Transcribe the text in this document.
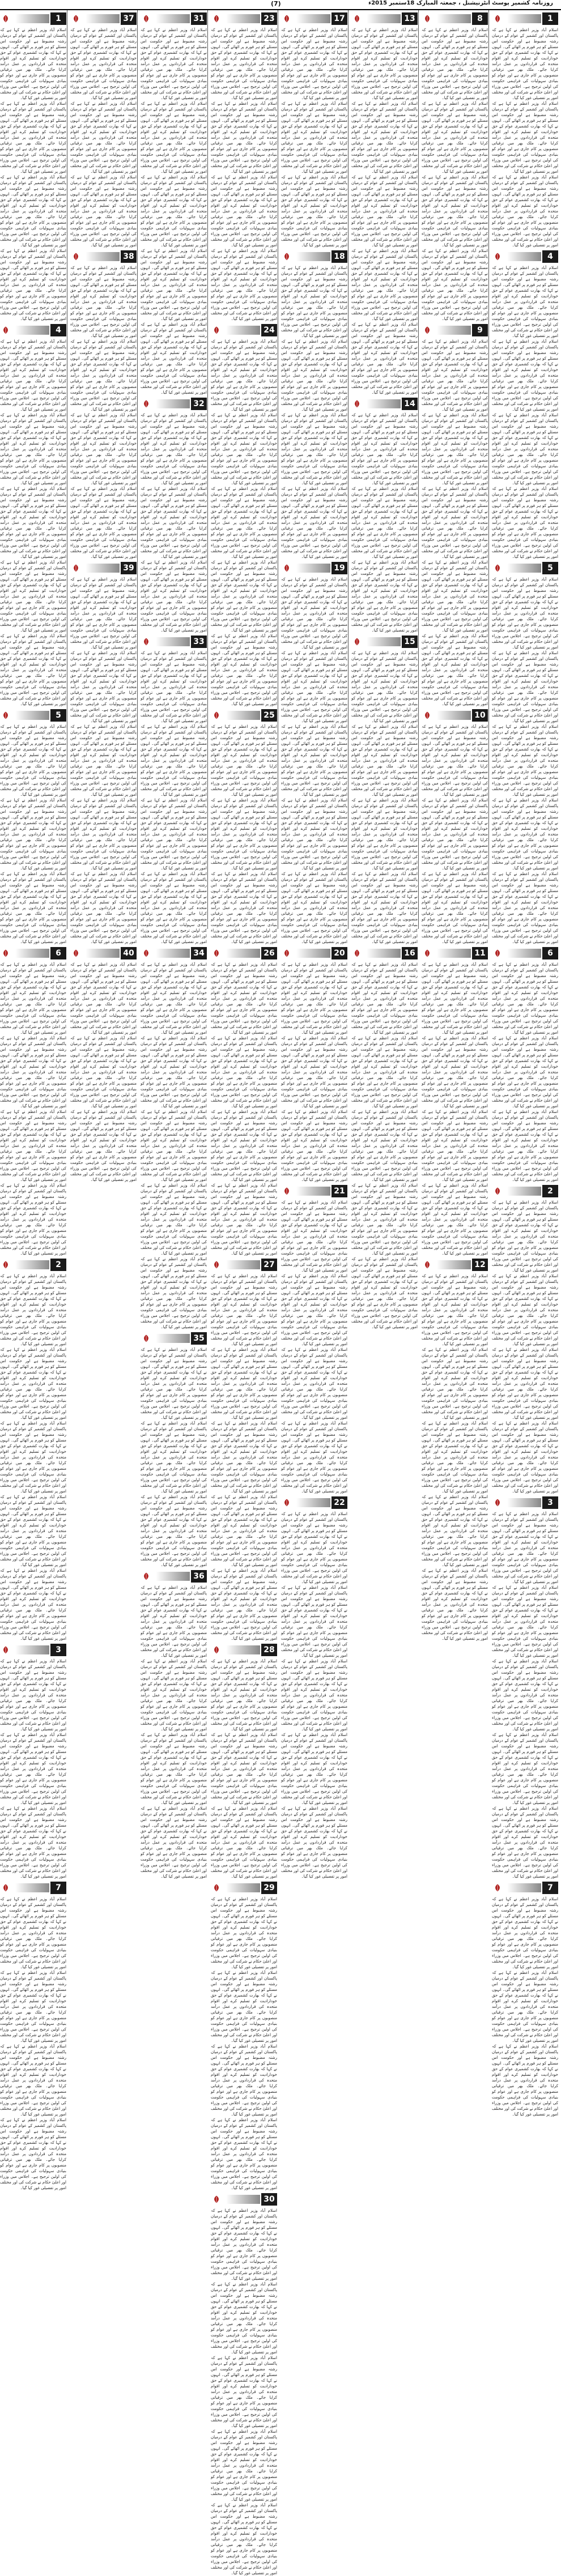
(7)	روزنامہ کشمیر پوسٹ انٹرنیشنل ، جمعتہ المبارک 18ستمبر 2015ء
1
اسلام آباد وزیر اعظم نے کہا ہے کہ پاکستان اور کشمیر کے عوام کے درمیان رشتہ مضبوط ہے اور حکومت اس مسئلے کو ہر فورم پر اٹھائے گی۔ انہوں نے کہا کہ بھارت کشمیری عوام کے حق خودارادیت کو تسلیم کرے اور اقوام متحدہ کی قراردادوں پر عمل درآمد کرایا جائے۔ ملک بھر میں ترقیاتی منصوبوں پر کام جاری ہے اور عوام کو بنیادی سہولیات کی فراہمی حکومت کی اولین ترجیح ہے۔ اجلاس میں وزراء اور اعلیٰ حکام نے شرکت کی اور مختلف امور پر تفصیلی غور کیا گیا۔
اسلام آباد وزیر اعظم نے کہا ہے کہ پاکستان اور کشمیر کے عوام کے درمیان رشتہ مضبوط ہے اور حکومت اس مسئلے کو ہر فورم پر اٹھائے گی۔ انہوں نے کہا کہ بھارت کشمیری عوام کے حق خودارادیت کو تسلیم کرے اور اقوام متحدہ کی قراردادوں پر عمل درآمد کرایا جائے۔ ملک بھر میں ترقیاتی منصوبوں پر کام جاری ہے اور عوام کو بنیادی سہولیات کی فراہمی حکومت کی اولین ترجیح ہے۔ اجلاس میں وزراء اور اعلیٰ حکام نے شرکت کی اور مختلف امور پر تفصیلی غور کیا گیا۔
اسلام آباد وزیر اعظم نے کہا ہے کہ پاکستان اور کشمیر کے عوام کے درمیان رشتہ مضبوط ہے اور حکومت اس مسئلے کو ہر فورم پر اٹھائے گی۔ انہوں نے کہا کہ بھارت کشمیری عوام کے حق خودارادیت کو تسلیم کرے اور اقوام متحدہ کی قراردادوں پر عمل درآمد کرایا جائے۔ ملک بھر میں ترقیاتی منصوبوں پر کام جاری ہے اور عوام کو بنیادی سہولیات کی فراہمی حکومت کی اولین ترجیح ہے۔ اجلاس میں وزراء اور اعلیٰ حکام نے شرکت کی اور مختلف امور پر تفصیلی غور کیا گیا۔
4
اسلام آباد وزیر اعظم نے کہا ہے کہ پاکستان اور کشمیر کے عوام کے درمیان رشتہ مضبوط ہے اور حکومت اس مسئلے کو ہر فورم پر اٹھائے گی۔ انہوں نے کہا کہ بھارت کشمیری عوام کے حق خودارادیت کو تسلیم کرے اور اقوام متحدہ کی قراردادوں پر عمل درآمد کرایا جائے۔ ملک بھر میں ترقیاتی منصوبوں پر کام جاری ہے اور عوام کو بنیادی سہولیات کی فراہمی حکومت کی اولین ترجیح ہے۔ اجلاس میں وزراء اور اعلیٰ حکام نے شرکت کی اور مختلف امور پر تفصیلی غور کیا گیا۔
اسلام آباد وزیر اعظم نے کہا ہے کہ پاکستان اور کشمیر کے عوام کے درمیان رشتہ مضبوط ہے اور حکومت اس مسئلے کو ہر فورم پر اٹھائے گی۔ انہوں نے کہا کہ بھارت کشمیری عوام کے حق خودارادیت کو تسلیم کرے اور اقوام متحدہ کی قراردادوں پر عمل درآمد کرایا جائے۔ ملک بھر میں ترقیاتی منصوبوں پر کام جاری ہے اور عوام کو بنیادی سہولیات کی فراہمی حکومت کی اولین ترجیح ہے۔ اجلاس میں وزراء اور اعلیٰ حکام نے شرکت کی اور مختلف امور پر تفصیلی غور کیا گیا۔
اسلام آباد وزیر اعظم نے کہا ہے کہ پاکستان اور کشمیر کے عوام کے درمیان رشتہ مضبوط ہے اور حکومت اس مسئلے کو ہر فورم پر اٹھائے گی۔ انہوں نے کہا کہ بھارت کشمیری عوام کے حق خودارادیت کو تسلیم کرے اور اقوام متحدہ کی قراردادوں پر عمل درآمد کرایا جائے۔ ملک بھر میں ترقیاتی منصوبوں پر کام جاری ہے اور عوام کو بنیادی سہولیات کی فراہمی حکومت کی اولین ترجیح ہے۔ اجلاس میں وزراء اور اعلیٰ حکام نے شرکت کی اور مختلف امور پر تفصیلی غور کیا گیا۔
اسلام آباد وزیر اعظم نے کہا ہے کہ پاکستان اور کشمیر کے عوام کے درمیان رشتہ مضبوط ہے اور حکومت اس مسئلے کو ہر فورم پر اٹھائے گی۔ انہوں نے کہا کہ بھارت کشمیری عوام کے حق خودارادیت کو تسلیم کرے اور اقوام متحدہ کی قراردادوں پر عمل درآمد کرایا جائے۔ ملک بھر میں ترقیاتی منصوبوں پر کام جاری ہے اور عوام کو بنیادی سہولیات کی فراہمی حکومت کی اولین ترجیح ہے۔ اجلاس میں وزراء اور اعلیٰ حکام نے شرکت کی اور مختلف امور پر تفصیلی غور کیا گیا۔
5
اسلام آباد وزیر اعظم نے کہا ہے کہ پاکستان اور کشمیر کے عوام کے درمیان رشتہ مضبوط ہے اور حکومت اس مسئلے کو ہر فورم پر اٹھائے گی۔ انہوں نے کہا کہ بھارت کشمیری عوام کے حق خودارادیت کو تسلیم کرے اور اقوام متحدہ کی قراردادوں پر عمل درآمد کرایا جائے۔ ملک بھر میں ترقیاتی منصوبوں پر کام جاری ہے اور عوام کو بنیادی سہولیات کی فراہمی حکومت کی اولین ترجیح ہے۔ اجلاس میں وزراء اور اعلیٰ حکام نے شرکت کی اور مختلف امور پر تفصیلی غور کیا گیا۔
اسلام آباد وزیر اعظم نے کہا ہے کہ پاکستان اور کشمیر کے عوام کے درمیان رشتہ مضبوط ہے اور حکومت اس مسئلے کو ہر فورم پر اٹھائے گی۔ انہوں نے کہا کہ بھارت کشمیری عوام کے حق خودارادیت کو تسلیم کرے اور اقوام متحدہ کی قراردادوں پر عمل درآمد کرایا جائے۔ ملک بھر میں ترقیاتی منصوبوں پر کام جاری ہے اور عوام کو بنیادی سہولیات کی فراہمی حکومت کی اولین ترجیح ہے۔ اجلاس میں وزراء اور اعلیٰ حکام نے شرکت کی اور مختلف امور پر تفصیلی غور کیا گیا۔
اسلام آباد وزیر اعظم نے کہا ہے کہ پاکستان اور کشمیر کے عوام کے درمیان رشتہ مضبوط ہے اور حکومت اس مسئلے کو ہر فورم پر اٹھائے گی۔ انہوں نے کہا کہ بھارت کشمیری عوام کے حق خودارادیت کو تسلیم کرے اور اقوام متحدہ کی قراردادوں پر عمل درآمد کرایا جائے۔ ملک بھر میں ترقیاتی منصوبوں پر کام جاری ہے اور عوام کو بنیادی سہولیات کی فراہمی حکومت کی اولین ترجیح ہے۔ اجلاس میں وزراء اور اعلیٰ حکام نے شرکت کی اور مختلف امور پر تفصیلی غور کیا گیا۔
اسلام آباد وزیر اعظم نے کہا ہے کہ پاکستان اور کشمیر کے عوام کے درمیان رشتہ مضبوط ہے اور حکومت اس مسئلے کو ہر فورم پر اٹھائے گی۔ انہوں نے کہا کہ بھارت کشمیری عوام کے حق خودارادیت کو تسلیم کرے اور اقوام متحدہ کی قراردادوں پر عمل درآمد کرایا جائے۔ ملک بھر میں ترقیاتی منصوبوں پر کام جاری ہے اور عوام کو بنیادی سہولیات کی فراہمی حکومت کی اولین ترجیح ہے۔ اجلاس میں وزراء اور اعلیٰ حکام نے شرکت کی اور مختلف امور پر تفصیلی غور کیا گیا۔
اسلام آباد وزیر اعظم نے کہا ہے کہ پاکستان اور کشمیر کے عوام کے درمیان رشتہ مضبوط ہے اور حکومت اس مسئلے کو ہر فورم پر اٹھائے گی۔ انہوں نے کہا کہ بھارت کشمیری عوام کے حق خودارادیت کو تسلیم کرے اور اقوام متحدہ کی قراردادوں پر عمل درآمد کرایا جائے۔ ملک بھر میں ترقیاتی منصوبوں پر کام جاری ہے اور عوام کو بنیادی سہولیات کی فراہمی حکومت کی اولین ترجیح ہے۔ اجلاس میں وزراء اور اعلیٰ حکام نے شرکت کی اور مختلف امور پر تفصیلی غور کیا گیا۔
6
اسلام آباد وزیر اعظم نے کہا ہے کہ پاکستان اور کشمیر کے عوام کے درمیان رشتہ مضبوط ہے اور حکومت اس مسئلے کو ہر فورم پر اٹھائے گی۔ انہوں نے کہا کہ بھارت کشمیری عوام کے حق خودارادیت کو تسلیم کرے اور اقوام متحدہ کی قراردادوں پر عمل درآمد کرایا جائے۔ ملک بھر میں ترقیاتی منصوبوں پر کام جاری ہے اور عوام کو بنیادی سہولیات کی فراہمی حکومت کی اولین ترجیح ہے۔ اجلاس میں وزراء اور اعلیٰ حکام نے شرکت کی اور مختلف امور پر تفصیلی غور کیا گیا۔
اسلام آباد وزیر اعظم نے کہا ہے کہ پاکستان اور کشمیر کے عوام کے درمیان رشتہ مضبوط ہے اور حکومت اس مسئلے کو ہر فورم پر اٹھائے گی۔ انہوں نے کہا کہ بھارت کشمیری عوام کے حق خودارادیت کو تسلیم کرے اور اقوام متحدہ کی قراردادوں پر عمل درآمد کرایا جائے۔ ملک بھر میں ترقیاتی منصوبوں پر کام جاری ہے اور عوام کو بنیادی سہولیات کی فراہمی حکومت کی اولین ترجیح ہے۔ اجلاس میں وزراء اور اعلیٰ حکام نے شرکت کی اور مختلف امور پر تفصیلی غور کیا گیا۔
اسلام آباد وزیر اعظم نے کہا ہے کہ پاکستان اور کشمیر کے عوام کے درمیان رشتہ مضبوط ہے اور حکومت اس مسئلے کو ہر فورم پر اٹھائے گی۔ انہوں نے کہا کہ بھارت کشمیری عوام کے حق خودارادیت کو تسلیم کرے اور اقوام متحدہ کی قراردادوں پر عمل درآمد کرایا جائے۔ ملک بھر میں ترقیاتی منصوبوں پر کام جاری ہے اور عوام کو بنیادی سہولیات کی فراہمی حکومت کی اولین ترجیح ہے۔ اجلاس میں وزراء اور اعلیٰ حکام نے شرکت کی اور مختلف امور پر تفصیلی غور کیا گیا۔
2
اسلام آباد وزیر اعظم نے کہا ہے کہ پاکستان اور کشمیر کے عوام کے درمیان رشتہ مضبوط ہے اور حکومت اس مسئلے کو ہر فورم پر اٹھائے گی۔ انہوں نے کہا کہ بھارت کشمیری عوام کے حق خودارادیت کو تسلیم کرے اور اقوام متحدہ کی قراردادوں پر عمل درآمد کرایا جائے۔ ملک بھر میں ترقیاتی منصوبوں پر کام جاری ہے اور عوام کو بنیادی سہولیات کی فراہمی حکومت کی اولین ترجیح ہے۔ اجلاس میں وزراء اور اعلیٰ حکام نے شرکت کی اور مختلف امور پر تفصیلی غور کیا گیا۔
اسلام آباد وزیر اعظم نے کہا ہے کہ پاکستان اور کشمیر کے عوام کے درمیان رشتہ مضبوط ہے اور حکومت اس مسئلے کو ہر فورم پر اٹھائے گی۔ انہوں نے کہا کہ بھارت کشمیری عوام کے حق خودارادیت کو تسلیم کرے اور اقوام متحدہ کی قراردادوں پر عمل درآمد کرایا جائے۔ ملک بھر میں ترقیاتی منصوبوں پر کام جاری ہے اور عوام کو بنیادی سہولیات کی فراہمی حکومت کی اولین ترجیح ہے۔ اجلاس میں وزراء اور اعلیٰ حکام نے شرکت کی اور مختلف امور پر تفصیلی غور کیا گیا۔
اسلام آباد وزیر اعظم نے کہا ہے کہ پاکستان اور کشمیر کے عوام کے درمیان رشتہ مضبوط ہے اور حکومت اس مسئلے کو ہر فورم پر اٹھائے گی۔ انہوں نے کہا کہ بھارت کشمیری عوام کے حق خودارادیت کو تسلیم کرے اور اقوام متحدہ کی قراردادوں پر عمل درآمد کرایا جائے۔ ملک بھر میں ترقیاتی منصوبوں پر کام جاری ہے اور عوام کو بنیادی سہولیات کی فراہمی حکومت کی اولین ترجیح ہے۔ اجلاس میں وزراء اور اعلیٰ حکام نے شرکت کی اور مختلف امور پر تفصیلی غور کیا گیا۔
اسلام آباد وزیر اعظم نے کہا ہے کہ پاکستان اور کشمیر کے عوام کے درمیان رشتہ مضبوط ہے اور حکومت اس مسئلے کو ہر فورم پر اٹھائے گی۔ انہوں نے کہا کہ بھارت کشمیری عوام کے حق خودارادیت کو تسلیم کرے اور اقوام متحدہ کی قراردادوں پر عمل درآمد کرایا جائے۔ ملک بھر میں ترقیاتی منصوبوں پر کام جاری ہے اور عوام کو بنیادی سہولیات کی فراہمی حکومت کی اولین ترجیح ہے۔ اجلاس میں وزراء اور اعلیٰ حکام نے شرکت کی اور مختلف امور پر تفصیلی غور کیا گیا۔
3
اسلام آباد وزیر اعظم نے کہا ہے کہ پاکستان اور کشمیر کے عوام کے درمیان رشتہ مضبوط ہے اور حکومت اس مسئلے کو ہر فورم پر اٹھائے گی۔ انہوں نے کہا کہ بھارت کشمیری عوام کے حق خودارادیت کو تسلیم کرے اور اقوام متحدہ کی قراردادوں پر عمل درآمد کرایا جائے۔ ملک بھر میں ترقیاتی منصوبوں پر کام جاری ہے اور عوام کو بنیادی سہولیات کی فراہمی حکومت کی اولین ترجیح ہے۔ اجلاس میں وزراء اور اعلیٰ حکام نے شرکت کی اور مختلف امور پر تفصیلی غور کیا گیا۔
اسلام آباد وزیر اعظم نے کہا ہے کہ پاکستان اور کشمیر کے عوام کے درمیان رشتہ مضبوط ہے اور حکومت اس مسئلے کو ہر فورم پر اٹھائے گی۔ انہوں نے کہا کہ بھارت کشمیری عوام کے حق خودارادیت کو تسلیم کرے اور اقوام متحدہ کی قراردادوں پر عمل درآمد کرایا جائے۔ ملک بھر میں ترقیاتی منصوبوں پر کام جاری ہے اور عوام کو بنیادی سہولیات کی فراہمی حکومت کی اولین ترجیح ہے۔ اجلاس میں وزراء اور اعلیٰ حکام نے شرکت کی اور مختلف امور پر تفصیلی غور کیا گیا۔
اسلام آباد وزیر اعظم نے کہا ہے کہ پاکستان اور کشمیر کے عوام کے درمیان رشتہ مضبوط ہے اور حکومت اس مسئلے کو ہر فورم پر اٹھائے گی۔ انہوں نے کہا کہ بھارت کشمیری عوام کے حق خودارادیت کو تسلیم کرے اور اقوام متحدہ کی قراردادوں پر عمل درآمد کرایا جائے۔ ملک بھر میں ترقیاتی منصوبوں پر کام جاری ہے اور عوام کو بنیادی سہولیات کی فراہمی حکومت کی اولین ترجیح ہے۔ اجلاس میں وزراء اور اعلیٰ حکام نے شرکت کی اور مختلف امور پر تفصیلی غور کیا گیا۔
اسلام آباد وزیر اعظم نے کہا ہے کہ پاکستان اور کشمیر کے عوام کے درمیان رشتہ مضبوط ہے اور حکومت اس مسئلے کو ہر فورم پر اٹھائے گی۔ انہوں نے کہا کہ بھارت کشمیری عوام کے حق خودارادیت کو تسلیم کرے اور اقوام متحدہ کی قراردادوں پر عمل درآمد کرایا جائے۔ ملک بھر میں ترقیاتی منصوبوں پر کام جاری ہے اور عوام کو بنیادی سہولیات کی فراہمی حکومت کی اولین ترجیح ہے۔ اجلاس میں وزراء اور اعلیٰ حکام نے شرکت کی اور مختلف امور پر تفصیلی غور کیا گیا۔
اسلام آباد وزیر اعظم نے کہا ہے کہ پاکستان اور کشمیر کے عوام کے درمیان رشتہ مضبوط ہے اور حکومت اس مسئلے کو ہر فورم پر اٹھائے گی۔ انہوں نے کہا کہ بھارت کشمیری عوام کے حق خودارادیت کو تسلیم کرے اور اقوام متحدہ کی قراردادوں پر عمل درآمد کرایا جائے۔ ملک بھر میں ترقیاتی منصوبوں پر کام جاری ہے اور عوام کو بنیادی سہولیات کی فراہمی حکومت کی اولین ترجیح ہے۔ اجلاس میں وزراء اور اعلیٰ حکام نے شرکت کی اور مختلف امور پر تفصیلی غور کیا گیا۔
7
اسلام آباد وزیر اعظم نے کہا ہے کہ پاکستان اور کشمیر کے عوام کے درمیان رشتہ مضبوط ہے اور حکومت اس مسئلے کو ہر فورم پر اٹھائے گی۔ انہوں نے کہا کہ بھارت کشمیری عوام کے حق خودارادیت کو تسلیم کرے اور اقوام متحدہ کی قراردادوں پر عمل درآمد کرایا جائے۔ ملک بھر میں ترقیاتی منصوبوں پر کام جاری ہے اور عوام کو بنیادی سہولیات کی فراہمی حکومت کی اولین ترجیح ہے۔ اجلاس میں وزراء اور اعلیٰ حکام نے شرکت کی اور مختلف امور پر تفصیلی غور کیا گیا۔
اسلام آباد وزیر اعظم نے کہا ہے کہ پاکستان اور کشمیر کے عوام کے درمیان رشتہ مضبوط ہے اور حکومت اس مسئلے کو ہر فورم پر اٹھائے گی۔ انہوں نے کہا کہ بھارت کشمیری عوام کے حق خودارادیت کو تسلیم کرے اور اقوام متحدہ کی قراردادوں پر عمل درآمد کرایا جائے۔ ملک بھر میں ترقیاتی منصوبوں پر کام جاری ہے اور عوام کو بنیادی سہولیات کی فراہمی حکومت کی اولین ترجیح ہے۔ اجلاس میں وزراء اور اعلیٰ حکام نے شرکت کی اور مختلف امور پر تفصیلی غور کیا گیا۔
اسلام آباد وزیر اعظم نے کہا ہے کہ پاکستان اور کشمیر کے عوام کے درمیان رشتہ مضبوط ہے اور حکومت اس مسئلے کو ہر فورم پر اٹھائے گی۔ انہوں نے کہا کہ بھارت کشمیری عوام کے حق خودارادیت کو تسلیم کرے اور اقوام متحدہ کی قراردادوں پر عمل درآمد کرایا جائے۔ ملک بھر میں ترقیاتی منصوبوں پر کام جاری ہے اور عوام کو بنیادی سہولیات کی فراہمی حکومت کی اولین ترجیح ہے۔ اجلاس میں وزراء اور اعلیٰ حکام نے شرکت کی اور مختلف امور پر تفصیلی غور کیا گیا۔
8
اسلام آباد وزیر اعظم نے کہا ہے کہ پاکستان اور کشمیر کے عوام کے درمیان رشتہ مضبوط ہے اور حکومت اس مسئلے کو ہر فورم پر اٹھائے گی۔ انہوں نے کہا کہ بھارت کشمیری عوام کے حق خودارادیت کو تسلیم کرے اور اقوام متحدہ کی قراردادوں پر عمل درآمد کرایا جائے۔ ملک بھر میں ترقیاتی منصوبوں پر کام جاری ہے اور عوام کو بنیادی سہولیات کی فراہمی حکومت کی اولین ترجیح ہے۔ اجلاس میں وزراء اور اعلیٰ حکام نے شرکت کی اور مختلف امور پر تفصیلی غور کیا گیا۔
اسلام آباد وزیر اعظم نے کہا ہے کہ پاکستان اور کشمیر کے عوام کے درمیان رشتہ مضبوط ہے اور حکومت اس مسئلے کو ہر فورم پر اٹھائے گی۔ انہوں نے کہا کہ بھارت کشمیری عوام کے حق خودارادیت کو تسلیم کرے اور اقوام متحدہ کی قراردادوں پر عمل درآمد کرایا جائے۔ ملک بھر میں ترقیاتی منصوبوں پر کام جاری ہے اور عوام کو بنیادی سہولیات کی فراہمی حکومت کی اولین ترجیح ہے۔ اجلاس میں وزراء اور اعلیٰ حکام نے شرکت کی اور مختلف امور پر تفصیلی غور کیا گیا۔
اسلام آباد وزیر اعظم نے کہا ہے کہ پاکستان اور کشمیر کے عوام کے درمیان رشتہ مضبوط ہے اور حکومت اس مسئلے کو ہر فورم پر اٹھائے گی۔ انہوں نے کہا کہ بھارت کشمیری عوام کے حق خودارادیت کو تسلیم کرے اور اقوام متحدہ کی قراردادوں پر عمل درآمد کرایا جائے۔ ملک بھر میں ترقیاتی منصوبوں پر کام جاری ہے اور عوام کو بنیادی سہولیات کی فراہمی حکومت کی اولین ترجیح ہے۔ اجلاس میں وزراء اور اعلیٰ حکام نے شرکت کی اور مختلف امور پر تفصیلی غور کیا گیا۔
اسلام آباد وزیر اعظم نے کہا ہے کہ پاکستان اور کشمیر کے عوام کے درمیان رشتہ مضبوط ہے اور حکومت اس مسئلے کو ہر فورم پر اٹھائے گی۔ انہوں نے کہا کہ بھارت کشمیری عوام کے حق خودارادیت کو تسلیم کرے اور اقوام متحدہ کی قراردادوں پر عمل درآمد کرایا جائے۔ ملک بھر میں ترقیاتی منصوبوں پر کام جاری ہے اور عوام کو بنیادی سہولیات کی فراہمی حکومت کی اولین ترجیح ہے۔ اجلاس میں وزراء اور اعلیٰ حکام نے شرکت کی اور مختلف امور پر تفصیلی غور کیا گیا۔
9
اسلام آباد وزیر اعظم نے کہا ہے کہ پاکستان اور کشمیر کے عوام کے درمیان رشتہ مضبوط ہے اور حکومت اس مسئلے کو ہر فورم پر اٹھائے گی۔ انہوں نے کہا کہ بھارت کشمیری عوام کے حق خودارادیت کو تسلیم کرے اور اقوام متحدہ کی قراردادوں پر عمل درآمد کرایا جائے۔ ملک بھر میں ترقیاتی منصوبوں پر کام جاری ہے اور عوام کو بنیادی سہولیات کی فراہمی حکومت کی اولین ترجیح ہے۔ اجلاس میں وزراء اور اعلیٰ حکام نے شرکت کی اور مختلف امور پر تفصیلی غور کیا گیا۔
اسلام آباد وزیر اعظم نے کہا ہے کہ پاکستان اور کشمیر کے عوام کے درمیان رشتہ مضبوط ہے اور حکومت اس مسئلے کو ہر فورم پر اٹھائے گی۔ انہوں نے کہا کہ بھارت کشمیری عوام کے حق خودارادیت کو تسلیم کرے اور اقوام متحدہ کی قراردادوں پر عمل درآمد کرایا جائے۔ ملک بھر میں ترقیاتی منصوبوں پر کام جاری ہے اور عوام کو بنیادی سہولیات کی فراہمی حکومت کی اولین ترجیح ہے۔ اجلاس میں وزراء اور اعلیٰ حکام نے شرکت کی اور مختلف امور پر تفصیلی غور کیا گیا۔
اسلام آباد وزیر اعظم نے کہا ہے کہ پاکستان اور کشمیر کے عوام کے درمیان رشتہ مضبوط ہے اور حکومت اس مسئلے کو ہر فورم پر اٹھائے گی۔ انہوں نے کہا کہ بھارت کشمیری عوام کے حق خودارادیت کو تسلیم کرے اور اقوام متحدہ کی قراردادوں پر عمل درآمد کرایا جائے۔ ملک بھر میں ترقیاتی منصوبوں پر کام جاری ہے اور عوام کو بنیادی سہولیات کی فراہمی حکومت کی اولین ترجیح ہے۔ اجلاس میں وزراء اور اعلیٰ حکام نے شرکت کی اور مختلف امور پر تفصیلی غور کیا گیا۔
اسلام آباد وزیر اعظم نے کہا ہے کہ پاکستان اور کشمیر کے عوام کے درمیان رشتہ مضبوط ہے اور حکومت اس مسئلے کو ہر فورم پر اٹھائے گی۔ انہوں نے کہا کہ بھارت کشمیری عوام کے حق خودارادیت کو تسلیم کرے اور اقوام متحدہ کی قراردادوں پر عمل درآمد کرایا جائے۔ ملک بھر میں ترقیاتی منصوبوں پر کام جاری ہے اور عوام کو بنیادی سہولیات کی فراہمی حکومت کی اولین ترجیح ہے۔ اجلاس میں وزراء اور اعلیٰ حکام نے شرکت کی اور مختلف امور پر تفصیلی غور کیا گیا۔
اسلام آباد وزیر اعظم نے کہا ہے کہ پاکستان اور کشمیر کے عوام کے درمیان رشتہ مضبوط ہے اور حکومت اس مسئلے کو ہر فورم پر اٹھائے گی۔ انہوں نے کہا کہ بھارت کشمیری عوام کے حق خودارادیت کو تسلیم کرے اور اقوام متحدہ کی قراردادوں پر عمل درآمد کرایا جائے۔ ملک بھر میں ترقیاتی منصوبوں پر کام جاری ہے اور عوام کو بنیادی سہولیات کی فراہمی حکومت کی اولین ترجیح ہے۔ اجلاس میں وزراء اور اعلیٰ حکام نے شرکت کی اور مختلف امور پر تفصیلی غور کیا گیا۔
10
اسلام آباد وزیر اعظم نے کہا ہے کہ پاکستان اور کشمیر کے عوام کے درمیان رشتہ مضبوط ہے اور حکومت اس مسئلے کو ہر فورم پر اٹھائے گی۔ انہوں نے کہا کہ بھارت کشمیری عوام کے حق خودارادیت کو تسلیم کرے اور اقوام متحدہ کی قراردادوں پر عمل درآمد کرایا جائے۔ ملک بھر میں ترقیاتی منصوبوں پر کام جاری ہے اور عوام کو بنیادی سہولیات کی فراہمی حکومت کی اولین ترجیح ہے۔ اجلاس میں وزراء اور اعلیٰ حکام نے شرکت کی اور مختلف امور پر تفصیلی غور کیا گیا۔
اسلام آباد وزیر اعظم نے کہا ہے کہ پاکستان اور کشمیر کے عوام کے درمیان رشتہ مضبوط ہے اور حکومت اس مسئلے کو ہر فورم پر اٹھائے گی۔ انہوں نے کہا کہ بھارت کشمیری عوام کے حق خودارادیت کو تسلیم کرے اور اقوام متحدہ کی قراردادوں پر عمل درآمد کرایا جائے۔ ملک بھر میں ترقیاتی منصوبوں پر کام جاری ہے اور عوام کو بنیادی سہولیات کی فراہمی حکومت کی اولین ترجیح ہے۔ اجلاس میں وزراء اور اعلیٰ حکام نے شرکت کی اور مختلف امور پر تفصیلی غور کیا گیا۔
اسلام آباد وزیر اعظم نے کہا ہے کہ پاکستان اور کشمیر کے عوام کے درمیان رشتہ مضبوط ہے اور حکومت اس مسئلے کو ہر فورم پر اٹھائے گی۔ انہوں نے کہا کہ بھارت کشمیری عوام کے حق خودارادیت کو تسلیم کرے اور اقوام متحدہ کی قراردادوں پر عمل درآمد کرایا جائے۔ ملک بھر میں ترقیاتی منصوبوں پر کام جاری ہے اور عوام کو بنیادی سہولیات کی فراہمی حکومت کی اولین ترجیح ہے۔ اجلاس میں وزراء اور اعلیٰ حکام نے شرکت کی اور مختلف امور پر تفصیلی غور کیا گیا۔
11
اسلام آباد وزیر اعظم نے کہا ہے کہ پاکستان اور کشمیر کے عوام کے درمیان رشتہ مضبوط ہے اور حکومت اس مسئلے کو ہر فورم پر اٹھائے گی۔ انہوں نے کہا کہ بھارت کشمیری عوام کے حق خودارادیت کو تسلیم کرے اور اقوام متحدہ کی قراردادوں پر عمل درآمد کرایا جائے۔ ملک بھر میں ترقیاتی منصوبوں پر کام جاری ہے اور عوام کو بنیادی سہولیات کی فراہمی حکومت کی اولین ترجیح ہے۔ اجلاس میں وزراء اور اعلیٰ حکام نے شرکت کی اور مختلف امور پر تفصیلی غور کیا گیا۔
اسلام آباد وزیر اعظم نے کہا ہے کہ پاکستان اور کشمیر کے عوام کے درمیان رشتہ مضبوط ہے اور حکومت اس مسئلے کو ہر فورم پر اٹھائے گی۔ انہوں نے کہا کہ بھارت کشمیری عوام کے حق خودارادیت کو تسلیم کرے اور اقوام متحدہ کی قراردادوں پر عمل درآمد کرایا جائے۔ ملک بھر میں ترقیاتی منصوبوں پر کام جاری ہے اور عوام کو بنیادی سہولیات کی فراہمی حکومت کی اولین ترجیح ہے۔ اجلاس میں وزراء اور اعلیٰ حکام نے شرکت کی اور مختلف امور پر تفصیلی غور کیا گیا۔
اسلام آباد وزیر اعظم نے کہا ہے کہ پاکستان اور کشمیر کے عوام کے درمیان رشتہ مضبوط ہے اور حکومت اس مسئلے کو ہر فورم پر اٹھائے گی۔ انہوں نے کہا کہ بھارت کشمیری عوام کے حق خودارادیت کو تسلیم کرے اور اقوام متحدہ کی قراردادوں پر عمل درآمد کرایا جائے۔ ملک بھر میں ترقیاتی منصوبوں پر کام جاری ہے اور عوام کو بنیادی سہولیات کی فراہمی حکومت کی اولین ترجیح ہے۔ اجلاس میں وزراء اور اعلیٰ حکام نے شرکت کی اور مختلف امور پر تفصیلی غور کیا گیا۔
اسلام آباد وزیر اعظم نے کہا ہے کہ پاکستان اور کشمیر کے عوام کے درمیان رشتہ مضبوط ہے اور حکومت اس مسئلے کو ہر فورم پر اٹھائے گی۔ انہوں نے کہا کہ بھارت کشمیری عوام کے حق خودارادیت کو تسلیم کرے اور اقوام متحدہ کی قراردادوں پر عمل درآمد کرایا جائے۔ ملک بھر میں ترقیاتی منصوبوں پر کام جاری ہے اور عوام کو بنیادی سہولیات کی فراہمی حکومت کی اولین ترجیح ہے۔ اجلاس میں وزراء اور اعلیٰ حکام نے شرکت کی اور مختلف امور پر تفصیلی غور کیا گیا۔
12
اسلام آباد وزیر اعظم نے کہا ہے کہ پاکستان اور کشمیر کے عوام کے درمیان رشتہ مضبوط ہے اور حکومت اس مسئلے کو ہر فورم پر اٹھائے گی۔ انہوں نے کہا کہ بھارت کشمیری عوام کے حق خودارادیت کو تسلیم کرے اور اقوام متحدہ کی قراردادوں پر عمل درآمد کرایا جائے۔ ملک بھر میں ترقیاتی منصوبوں پر کام جاری ہے اور عوام کو بنیادی سہولیات کی فراہمی حکومت کی اولین ترجیح ہے۔ اجلاس میں وزراء اور اعلیٰ حکام نے شرکت کی اور مختلف امور پر تفصیلی غور کیا گیا۔
اسلام آباد وزیر اعظم نے کہا ہے کہ پاکستان اور کشمیر کے عوام کے درمیان رشتہ مضبوط ہے اور حکومت اس مسئلے کو ہر فورم پر اٹھائے گی۔ انہوں نے کہا کہ بھارت کشمیری عوام کے حق خودارادیت کو تسلیم کرے اور اقوام متحدہ کی قراردادوں پر عمل درآمد کرایا جائے۔ ملک بھر میں ترقیاتی منصوبوں پر کام جاری ہے اور عوام کو بنیادی سہولیات کی فراہمی حکومت کی اولین ترجیح ہے۔ اجلاس میں وزراء اور اعلیٰ حکام نے شرکت کی اور مختلف امور پر تفصیلی غور کیا گیا۔
اسلام آباد وزیر اعظم نے کہا ہے کہ پاکستان اور کشمیر کے عوام کے درمیان رشتہ مضبوط ہے اور حکومت اس مسئلے کو ہر فورم پر اٹھائے گی۔ انہوں نے کہا کہ بھارت کشمیری عوام کے حق خودارادیت کو تسلیم کرے اور اقوام متحدہ کی قراردادوں پر عمل درآمد کرایا جائے۔ ملک بھر میں ترقیاتی منصوبوں پر کام جاری ہے اور عوام کو بنیادی سہولیات کی فراہمی حکومت کی اولین ترجیح ہے۔ اجلاس میں وزراء اور اعلیٰ حکام نے شرکت کی اور مختلف امور پر تفصیلی غور کیا گیا۔
اسلام آباد وزیر اعظم نے کہا ہے کہ پاکستان اور کشمیر کے عوام کے درمیان رشتہ مضبوط ہے اور حکومت اس مسئلے کو ہر فورم پر اٹھائے گی۔ انہوں نے کہا کہ بھارت کشمیری عوام کے حق خودارادیت کو تسلیم کرے اور اقوام متحدہ کی قراردادوں پر عمل درآمد کرایا جائے۔ ملک بھر میں ترقیاتی منصوبوں پر کام جاری ہے اور عوام کو بنیادی سہولیات کی فراہمی حکومت کی اولین ترجیح ہے۔ اجلاس میں وزراء اور اعلیٰ حکام نے شرکت کی اور مختلف امور پر تفصیلی غور کیا گیا۔
اسلام آباد وزیر اعظم نے کہا ہے کہ پاکستان اور کشمیر کے عوام کے درمیان رشتہ مضبوط ہے اور حکومت اس مسئلے کو ہر فورم پر اٹھائے گی۔ انہوں نے کہا کہ بھارت کشمیری عوام کے حق خودارادیت کو تسلیم کرے اور اقوام متحدہ کی قراردادوں پر عمل درآمد کرایا جائے۔ ملک بھر میں ترقیاتی منصوبوں پر کام جاری ہے اور عوام کو بنیادی سہولیات کی فراہمی حکومت کی اولین ترجیح ہے۔ اجلاس میں وزراء اور اعلیٰ حکام نے شرکت کی اور مختلف امور پر تفصیلی غور کیا گیا۔
13
اسلام آباد وزیر اعظم نے کہا ہے کہ پاکستان اور کشمیر کے عوام کے درمیان رشتہ مضبوط ہے اور حکومت اس مسئلے کو ہر فورم پر اٹھائے گی۔ انہوں نے کہا کہ بھارت کشمیری عوام کے حق خودارادیت کو تسلیم کرے اور اقوام متحدہ کی قراردادوں پر عمل درآمد کرایا جائے۔ ملک بھر میں ترقیاتی منصوبوں پر کام جاری ہے اور عوام کو بنیادی سہولیات کی فراہمی حکومت کی اولین ترجیح ہے۔ اجلاس میں وزراء اور اعلیٰ حکام نے شرکت کی اور مختلف امور پر تفصیلی غور کیا گیا۔
اسلام آباد وزیر اعظم نے کہا ہے کہ پاکستان اور کشمیر کے عوام کے درمیان رشتہ مضبوط ہے اور حکومت اس مسئلے کو ہر فورم پر اٹھائے گی۔ انہوں نے کہا کہ بھارت کشمیری عوام کے حق خودارادیت کو تسلیم کرے اور اقوام متحدہ کی قراردادوں پر عمل درآمد کرایا جائے۔ ملک بھر میں ترقیاتی منصوبوں پر کام جاری ہے اور عوام کو بنیادی سہولیات کی فراہمی حکومت کی اولین ترجیح ہے۔ اجلاس میں وزراء اور اعلیٰ حکام نے شرکت کی اور مختلف امور پر تفصیلی غور کیا گیا۔
اسلام آباد وزیر اعظم نے کہا ہے کہ پاکستان اور کشمیر کے عوام کے درمیان رشتہ مضبوط ہے اور حکومت اس مسئلے کو ہر فورم پر اٹھائے گی۔ انہوں نے کہا کہ بھارت کشمیری عوام کے حق خودارادیت کو تسلیم کرے اور اقوام متحدہ کی قراردادوں پر عمل درآمد کرایا جائے۔ ملک بھر میں ترقیاتی منصوبوں پر کام جاری ہے اور عوام کو بنیادی سہولیات کی فراہمی حکومت کی اولین ترجیح ہے۔ اجلاس میں وزراء اور اعلیٰ حکام نے شرکت کی اور مختلف امور پر تفصیلی غور کیا گیا۔
اسلام آباد وزیر اعظم نے کہا ہے کہ پاکستان اور کشمیر کے عوام کے درمیان رشتہ مضبوط ہے اور حکومت اس مسئلے کو ہر فورم پر اٹھائے گی۔ انہوں نے کہا کہ بھارت کشمیری عوام کے حق خودارادیت کو تسلیم کرے اور اقوام متحدہ کی قراردادوں پر عمل درآمد کرایا جائے۔ ملک بھر میں ترقیاتی منصوبوں پر کام جاری ہے اور عوام کو بنیادی سہولیات کی فراہمی حکومت کی اولین ترجیح ہے۔ اجلاس میں وزراء اور اعلیٰ حکام نے شرکت کی اور مختلف امور پر تفصیلی غور کیا گیا۔
اسلام آباد وزیر اعظم نے کہا ہے کہ پاکستان اور کشمیر کے عوام کے درمیان رشتہ مضبوط ہے اور حکومت اس مسئلے کو ہر فورم پر اٹھائے گی۔ انہوں نے کہا کہ بھارت کشمیری عوام کے حق خودارادیت کو تسلیم کرے اور اقوام متحدہ کی قراردادوں پر عمل درآمد کرایا جائے۔ ملک بھر میں ترقیاتی منصوبوں پر کام جاری ہے اور عوام کو بنیادی سہولیات کی فراہمی حکومت کی اولین ترجیح ہے۔ اجلاس میں وزراء اور اعلیٰ حکام نے شرکت کی اور مختلف امور پر تفصیلی غور کیا گیا۔
14
اسلام آباد وزیر اعظم نے کہا ہے کہ پاکستان اور کشمیر کے عوام کے درمیان رشتہ مضبوط ہے اور حکومت اس مسئلے کو ہر فورم پر اٹھائے گی۔ انہوں نے کہا کہ بھارت کشمیری عوام کے حق خودارادیت کو تسلیم کرے اور اقوام متحدہ کی قراردادوں پر عمل درآمد کرایا جائے۔ ملک بھر میں ترقیاتی منصوبوں پر کام جاری ہے اور عوام کو بنیادی سہولیات کی فراہمی حکومت کی اولین ترجیح ہے۔ اجلاس میں وزراء اور اعلیٰ حکام نے شرکت کی اور مختلف امور پر تفصیلی غور کیا گیا۔
اسلام آباد وزیر اعظم نے کہا ہے کہ پاکستان اور کشمیر کے عوام کے درمیان رشتہ مضبوط ہے اور حکومت اس مسئلے کو ہر فورم پر اٹھائے گی۔ انہوں نے کہا کہ بھارت کشمیری عوام کے حق خودارادیت کو تسلیم کرے اور اقوام متحدہ کی قراردادوں پر عمل درآمد کرایا جائے۔ ملک بھر میں ترقیاتی منصوبوں پر کام جاری ہے اور عوام کو بنیادی سہولیات کی فراہمی حکومت کی اولین ترجیح ہے۔ اجلاس میں وزراء اور اعلیٰ حکام نے شرکت کی اور مختلف امور پر تفصیلی غور کیا گیا۔
اسلام آباد وزیر اعظم نے کہا ہے کہ پاکستان اور کشمیر کے عوام کے درمیان رشتہ مضبوط ہے اور حکومت اس مسئلے کو ہر فورم پر اٹھائے گی۔ انہوں نے کہا کہ بھارت کشمیری عوام کے حق خودارادیت کو تسلیم کرے اور اقوام متحدہ کی قراردادوں پر عمل درآمد کرایا جائے۔ ملک بھر میں ترقیاتی منصوبوں پر کام جاری ہے اور عوام کو بنیادی سہولیات کی فراہمی حکومت کی اولین ترجیح ہے۔ اجلاس میں وزراء اور اعلیٰ حکام نے شرکت کی اور مختلف امور پر تفصیلی غور کیا گیا۔
15
اسلام آباد وزیر اعظم نے کہا ہے کہ پاکستان اور کشمیر کے عوام کے درمیان رشتہ مضبوط ہے اور حکومت اس مسئلے کو ہر فورم پر اٹھائے گی۔ انہوں نے کہا کہ بھارت کشمیری عوام کے حق خودارادیت کو تسلیم کرے اور اقوام متحدہ کی قراردادوں پر عمل درآمد کرایا جائے۔ ملک بھر میں ترقیاتی منصوبوں پر کام جاری ہے اور عوام کو بنیادی سہولیات کی فراہمی حکومت کی اولین ترجیح ہے۔ اجلاس میں وزراء اور اعلیٰ حکام نے شرکت کی اور مختلف امور پر تفصیلی غور کیا گیا۔
اسلام آباد وزیر اعظم نے کہا ہے کہ پاکستان اور کشمیر کے عوام کے درمیان رشتہ مضبوط ہے اور حکومت اس مسئلے کو ہر فورم پر اٹھائے گی۔ انہوں نے کہا کہ بھارت کشمیری عوام کے حق خودارادیت کو تسلیم کرے اور اقوام متحدہ کی قراردادوں پر عمل درآمد کرایا جائے۔ ملک بھر میں ترقیاتی منصوبوں پر کام جاری ہے اور عوام کو بنیادی سہولیات کی فراہمی حکومت کی اولین ترجیح ہے۔ اجلاس میں وزراء اور اعلیٰ حکام نے شرکت کی اور مختلف امور پر تفصیلی غور کیا گیا۔
اسلام آباد وزیر اعظم نے کہا ہے کہ پاکستان اور کشمیر کے عوام کے درمیان رشتہ مضبوط ہے اور حکومت اس مسئلے کو ہر فورم پر اٹھائے گی۔ انہوں نے کہا کہ بھارت کشمیری عوام کے حق خودارادیت کو تسلیم کرے اور اقوام متحدہ کی قراردادوں پر عمل درآمد کرایا جائے۔ ملک بھر میں ترقیاتی منصوبوں پر کام جاری ہے اور عوام کو بنیادی سہولیات کی فراہمی حکومت کی اولین ترجیح ہے۔ اجلاس میں وزراء اور اعلیٰ حکام نے شرکت کی اور مختلف امور پر تفصیلی غور کیا گیا۔
اسلام آباد وزیر اعظم نے کہا ہے کہ پاکستان اور کشمیر کے عوام کے درمیان رشتہ مضبوط ہے اور حکومت اس مسئلے کو ہر فورم پر اٹھائے گی۔ انہوں نے کہا کہ بھارت کشمیری عوام کے حق خودارادیت کو تسلیم کرے اور اقوام متحدہ کی قراردادوں پر عمل درآمد کرایا جائے۔ ملک بھر میں ترقیاتی منصوبوں پر کام جاری ہے اور عوام کو بنیادی سہولیات کی فراہمی حکومت کی اولین ترجیح ہے۔ اجلاس میں وزراء اور اعلیٰ حکام نے شرکت کی اور مختلف امور پر تفصیلی غور کیا گیا۔
16
اسلام آباد وزیر اعظم نے کہا ہے کہ پاکستان اور کشمیر کے عوام کے درمیان رشتہ مضبوط ہے اور حکومت اس مسئلے کو ہر فورم پر اٹھائے گی۔ انہوں نے کہا کہ بھارت کشمیری عوام کے حق خودارادیت کو تسلیم کرے اور اقوام متحدہ کی قراردادوں پر عمل درآمد کرایا جائے۔ ملک بھر میں ترقیاتی منصوبوں پر کام جاری ہے اور عوام کو بنیادی سہولیات کی فراہمی حکومت کی اولین ترجیح ہے۔ اجلاس میں وزراء اور اعلیٰ حکام نے شرکت کی اور مختلف امور پر تفصیلی غور کیا گیا۔
اسلام آباد وزیر اعظم نے کہا ہے کہ پاکستان اور کشمیر کے عوام کے درمیان رشتہ مضبوط ہے اور حکومت اس مسئلے کو ہر فورم پر اٹھائے گی۔ انہوں نے کہا کہ بھارت کشمیری عوام کے حق خودارادیت کو تسلیم کرے اور اقوام متحدہ کی قراردادوں پر عمل درآمد کرایا جائے۔ ملک بھر میں ترقیاتی منصوبوں پر کام جاری ہے اور عوام کو بنیادی سہولیات کی فراہمی حکومت کی اولین ترجیح ہے۔ اجلاس میں وزراء اور اعلیٰ حکام نے شرکت کی اور مختلف امور پر تفصیلی غور کیا گیا۔
اسلام آباد وزیر اعظم نے کہا ہے کہ پاکستان اور کشمیر کے عوام کے درمیان رشتہ مضبوط ہے اور حکومت اس مسئلے کو ہر فورم پر اٹھائے گی۔ انہوں نے کہا کہ بھارت کشمیری عوام کے حق خودارادیت کو تسلیم کرے اور اقوام متحدہ کی قراردادوں پر عمل درآمد کرایا جائے۔ ملک بھر میں ترقیاتی منصوبوں پر کام جاری ہے اور عوام کو بنیادی سہولیات کی فراہمی حکومت کی اولین ترجیح ہے۔ اجلاس میں وزراء اور اعلیٰ حکام نے شرکت کی اور مختلف امور پر تفصیلی غور کیا گیا۔
اسلام آباد وزیر اعظم نے کہا ہے کہ پاکستان اور کشمیر کے عوام کے درمیان رشتہ مضبوط ہے اور حکومت اس مسئلے کو ہر فورم پر اٹھائے گی۔ انہوں نے کہا کہ بھارت کشمیری عوام کے حق خودارادیت کو تسلیم کرے اور اقوام متحدہ کی قراردادوں پر عمل درآمد کرایا جائے۔ ملک بھر میں ترقیاتی منصوبوں پر کام جاری ہے اور عوام کو بنیادی سہولیات کی فراہمی حکومت کی اولین ترجیح ہے۔ اجلاس میں وزراء اور اعلیٰ حکام نے شرکت کی اور مختلف امور پر تفصیلی غور کیا گیا۔
اسلام آباد وزیر اعظم نے کہا ہے کہ پاکستان اور کشمیر کے عوام کے درمیان رشتہ مضبوط ہے اور حکومت اس مسئلے کو ہر فورم پر اٹھائے گی۔ انہوں نے کہا کہ بھارت کشمیری عوام کے حق خودارادیت کو تسلیم کرے اور اقوام متحدہ کی قراردادوں پر عمل درآمد کرایا جائے۔ ملک بھر میں ترقیاتی منصوبوں پر کام جاری ہے اور عوام کو بنیادی سہولیات کی فراہمی حکومت کی اولین ترجیح ہے۔ اجلاس میں وزراء اور اعلیٰ حکام نے شرکت کی اور مختلف امور پر تفصیلی غور کیا گیا۔
17
اسلام آباد وزیر اعظم نے کہا ہے کہ پاکستان اور کشمیر کے عوام کے درمیان رشتہ مضبوط ہے اور حکومت اس مسئلے کو ہر فورم پر اٹھائے گی۔ انہوں نے کہا کہ بھارت کشمیری عوام کے حق خودارادیت کو تسلیم کرے اور اقوام متحدہ کی قراردادوں پر عمل درآمد کرایا جائے۔ ملک بھر میں ترقیاتی منصوبوں پر کام جاری ہے اور عوام کو بنیادی سہولیات کی فراہمی حکومت کی اولین ترجیح ہے۔ اجلاس میں وزراء اور اعلیٰ حکام نے شرکت کی اور مختلف امور پر تفصیلی غور کیا گیا۔
اسلام آباد وزیر اعظم نے کہا ہے کہ پاکستان اور کشمیر کے عوام کے درمیان رشتہ مضبوط ہے اور حکومت اس مسئلے کو ہر فورم پر اٹھائے گی۔ انہوں نے کہا کہ بھارت کشمیری عوام کے حق خودارادیت کو تسلیم کرے اور اقوام متحدہ کی قراردادوں پر عمل درآمد کرایا جائے۔ ملک بھر میں ترقیاتی منصوبوں پر کام جاری ہے اور عوام کو بنیادی سہولیات کی فراہمی حکومت کی اولین ترجیح ہے۔ اجلاس میں وزراء اور اعلیٰ حکام نے شرکت کی اور مختلف امور پر تفصیلی غور کیا گیا۔
اسلام آباد وزیر اعظم نے کہا ہے کہ پاکستان اور کشمیر کے عوام کے درمیان رشتہ مضبوط ہے اور حکومت اس مسئلے کو ہر فورم پر اٹھائے گی۔ انہوں نے کہا کہ بھارت کشمیری عوام کے حق خودارادیت کو تسلیم کرے اور اقوام متحدہ کی قراردادوں پر عمل درآمد کرایا جائے۔ ملک بھر میں ترقیاتی منصوبوں پر کام جاری ہے اور عوام کو بنیادی سہولیات کی فراہمی حکومت کی اولین ترجیح ہے۔ اجلاس میں وزراء اور اعلیٰ حکام نے شرکت کی اور مختلف امور پر تفصیلی غور کیا گیا۔
18
اسلام آباد وزیر اعظم نے کہا ہے کہ پاکستان اور کشمیر کے عوام کے درمیان رشتہ مضبوط ہے اور حکومت اس مسئلے کو ہر فورم پر اٹھائے گی۔ انہوں نے کہا کہ بھارت کشمیری عوام کے حق خودارادیت کو تسلیم کرے اور اقوام متحدہ کی قراردادوں پر عمل درآمد کرایا جائے۔ ملک بھر میں ترقیاتی منصوبوں پر کام جاری ہے اور عوام کو بنیادی سہولیات کی فراہمی حکومت کی اولین ترجیح ہے۔ اجلاس میں وزراء اور اعلیٰ حکام نے شرکت کی اور مختلف امور پر تفصیلی غور کیا گیا۔
اسلام آباد وزیر اعظم نے کہا ہے کہ پاکستان اور کشمیر کے عوام کے درمیان رشتہ مضبوط ہے اور حکومت اس مسئلے کو ہر فورم پر اٹھائے گی۔ انہوں نے کہا کہ بھارت کشمیری عوام کے حق خودارادیت کو تسلیم کرے اور اقوام متحدہ کی قراردادوں پر عمل درآمد کرایا جائے۔ ملک بھر میں ترقیاتی منصوبوں پر کام جاری ہے اور عوام کو بنیادی سہولیات کی فراہمی حکومت کی اولین ترجیح ہے۔ اجلاس میں وزراء اور اعلیٰ حکام نے شرکت کی اور مختلف امور پر تفصیلی غور کیا گیا۔
اسلام آباد وزیر اعظم نے کہا ہے کہ پاکستان اور کشمیر کے عوام کے درمیان رشتہ مضبوط ہے اور حکومت اس مسئلے کو ہر فورم پر اٹھائے گی۔ انہوں نے کہا کہ بھارت کشمیری عوام کے حق خودارادیت کو تسلیم کرے اور اقوام متحدہ کی قراردادوں پر عمل درآمد کرایا جائے۔ ملک بھر میں ترقیاتی منصوبوں پر کام جاری ہے اور عوام کو بنیادی سہولیات کی فراہمی حکومت کی اولین ترجیح ہے۔ اجلاس میں وزراء اور اعلیٰ حکام نے شرکت کی اور مختلف امور پر تفصیلی غور کیا گیا۔
اسلام آباد وزیر اعظم نے کہا ہے کہ پاکستان اور کشمیر کے عوام کے درمیان رشتہ مضبوط ہے اور حکومت اس مسئلے کو ہر فورم پر اٹھائے گی۔ انہوں نے کہا کہ بھارت کشمیری عوام کے حق خودارادیت کو تسلیم کرے اور اقوام متحدہ کی قراردادوں پر عمل درآمد کرایا جائے۔ ملک بھر میں ترقیاتی منصوبوں پر کام جاری ہے اور عوام کو بنیادی سہولیات کی فراہمی حکومت کی اولین ترجیح ہے۔ اجلاس میں وزراء اور اعلیٰ حکام نے شرکت کی اور مختلف امور پر تفصیلی غور کیا گیا۔
19
اسلام آباد وزیر اعظم نے کہا ہے کہ پاکستان اور کشمیر کے عوام کے درمیان رشتہ مضبوط ہے اور حکومت اس مسئلے کو ہر فورم پر اٹھائے گی۔ انہوں نے کہا کہ بھارت کشمیری عوام کے حق خودارادیت کو تسلیم کرے اور اقوام متحدہ کی قراردادوں پر عمل درآمد کرایا جائے۔ ملک بھر میں ترقیاتی منصوبوں پر کام جاری ہے اور عوام کو بنیادی سہولیات کی فراہمی حکومت کی اولین ترجیح ہے۔ اجلاس میں وزراء اور اعلیٰ حکام نے شرکت کی اور مختلف امور پر تفصیلی غور کیا گیا۔
اسلام آباد وزیر اعظم نے کہا ہے کہ پاکستان اور کشمیر کے عوام کے درمیان رشتہ مضبوط ہے اور حکومت اس مسئلے کو ہر فورم پر اٹھائے گی۔ انہوں نے کہا کہ بھارت کشمیری عوام کے حق خودارادیت کو تسلیم کرے اور اقوام متحدہ کی قراردادوں پر عمل درآمد کرایا جائے۔ ملک بھر میں ترقیاتی منصوبوں پر کام جاری ہے اور عوام کو بنیادی سہولیات کی فراہمی حکومت کی اولین ترجیح ہے۔ اجلاس میں وزراء اور اعلیٰ حکام نے شرکت کی اور مختلف امور پر تفصیلی غور کیا گیا۔
اسلام آباد وزیر اعظم نے کہا ہے کہ پاکستان اور کشمیر کے عوام کے درمیان رشتہ مضبوط ہے اور حکومت اس مسئلے کو ہر فورم پر اٹھائے گی۔ انہوں نے کہا کہ بھارت کشمیری عوام کے حق خودارادیت کو تسلیم کرے اور اقوام متحدہ کی قراردادوں پر عمل درآمد کرایا جائے۔ ملک بھر میں ترقیاتی منصوبوں پر کام جاری ہے اور عوام کو بنیادی سہولیات کی فراہمی حکومت کی اولین ترجیح ہے۔ اجلاس میں وزراء اور اعلیٰ حکام نے شرکت کی اور مختلف امور پر تفصیلی غور کیا گیا۔
اسلام آباد وزیر اعظم نے کہا ہے کہ پاکستان اور کشمیر کے عوام کے درمیان رشتہ مضبوط ہے اور حکومت اس مسئلے کو ہر فورم پر اٹھائے گی۔ انہوں نے کہا کہ بھارت کشمیری عوام کے حق خودارادیت کو تسلیم کرے اور اقوام متحدہ کی قراردادوں پر عمل درآمد کرایا جائے۔ ملک بھر میں ترقیاتی منصوبوں پر کام جاری ہے اور عوام کو بنیادی سہولیات کی فراہمی حکومت کی اولین ترجیح ہے۔ اجلاس میں وزراء اور اعلیٰ حکام نے شرکت کی اور مختلف امور پر تفصیلی غور کیا گیا۔
اسلام آباد وزیر اعظم نے کہا ہے کہ پاکستان اور کشمیر کے عوام کے درمیان رشتہ مضبوط ہے اور حکومت اس مسئلے کو ہر فورم پر اٹھائے گی۔ انہوں نے کہا کہ بھارت کشمیری عوام کے حق خودارادیت کو تسلیم کرے اور اقوام متحدہ کی قراردادوں پر عمل درآمد کرایا جائے۔ ملک بھر میں ترقیاتی منصوبوں پر کام جاری ہے اور عوام کو بنیادی سہولیات کی فراہمی حکومت کی اولین ترجیح ہے۔ اجلاس میں وزراء اور اعلیٰ حکام نے شرکت کی اور مختلف امور پر تفصیلی غور کیا گیا۔
20
اسلام آباد وزیر اعظم نے کہا ہے کہ پاکستان اور کشمیر کے عوام کے درمیان رشتہ مضبوط ہے اور حکومت اس مسئلے کو ہر فورم پر اٹھائے گی۔ انہوں نے کہا کہ بھارت کشمیری عوام کے حق خودارادیت کو تسلیم کرے اور اقوام متحدہ کی قراردادوں پر عمل درآمد کرایا جائے۔ ملک بھر میں ترقیاتی منصوبوں پر کام جاری ہے اور عوام کو بنیادی سہولیات کی فراہمی حکومت کی اولین ترجیح ہے۔ اجلاس میں وزراء اور اعلیٰ حکام نے شرکت کی اور مختلف امور پر تفصیلی غور کیا گیا۔
اسلام آباد وزیر اعظم نے کہا ہے کہ پاکستان اور کشمیر کے عوام کے درمیان رشتہ مضبوط ہے اور حکومت اس مسئلے کو ہر فورم پر اٹھائے گی۔ انہوں نے کہا کہ بھارت کشمیری عوام کے حق خودارادیت کو تسلیم کرے اور اقوام متحدہ کی قراردادوں پر عمل درآمد کرایا جائے۔ ملک بھر میں ترقیاتی منصوبوں پر کام جاری ہے اور عوام کو بنیادی سہولیات کی فراہمی حکومت کی اولین ترجیح ہے۔ اجلاس میں وزراء اور اعلیٰ حکام نے شرکت کی اور مختلف امور پر تفصیلی غور کیا گیا۔
اسلام آباد وزیر اعظم نے کہا ہے کہ پاکستان اور کشمیر کے عوام کے درمیان رشتہ مضبوط ہے اور حکومت اس مسئلے کو ہر فورم پر اٹھائے گی۔ انہوں نے کہا کہ بھارت کشمیری عوام کے حق خودارادیت کو تسلیم کرے اور اقوام متحدہ کی قراردادوں پر عمل درآمد کرایا جائے۔ ملک بھر میں ترقیاتی منصوبوں پر کام جاری ہے اور عوام کو بنیادی سہولیات کی فراہمی حکومت کی اولین ترجیح ہے۔ اجلاس میں وزراء اور اعلیٰ حکام نے شرکت کی اور مختلف امور پر تفصیلی غور کیا گیا۔
21
اسلام آباد وزیر اعظم نے کہا ہے کہ پاکستان اور کشمیر کے عوام کے درمیان رشتہ مضبوط ہے اور حکومت اس مسئلے کو ہر فورم پر اٹھائے گی۔ انہوں نے کہا کہ بھارت کشمیری عوام کے حق خودارادیت کو تسلیم کرے اور اقوام متحدہ کی قراردادوں پر عمل درآمد کرایا جائے۔ ملک بھر میں ترقیاتی منصوبوں پر کام جاری ہے اور عوام کو بنیادی سہولیات کی فراہمی حکومت کی اولین ترجیح ہے۔ اجلاس میں وزراء اور اعلیٰ حکام نے شرکت کی اور مختلف امور پر تفصیلی غور کیا گیا۔
اسلام آباد وزیر اعظم نے کہا ہے کہ پاکستان اور کشمیر کے عوام کے درمیان رشتہ مضبوط ہے اور حکومت اس مسئلے کو ہر فورم پر اٹھائے گی۔ انہوں نے کہا کہ بھارت کشمیری عوام کے حق خودارادیت کو تسلیم کرے اور اقوام متحدہ کی قراردادوں پر عمل درآمد کرایا جائے۔ ملک بھر میں ترقیاتی منصوبوں پر کام جاری ہے اور عوام کو بنیادی سہولیات کی فراہمی حکومت کی اولین ترجیح ہے۔ اجلاس میں وزراء اور اعلیٰ حکام نے شرکت کی اور مختلف امور پر تفصیلی غور کیا گیا۔
اسلام آباد وزیر اعظم نے کہا ہے کہ پاکستان اور کشمیر کے عوام کے درمیان رشتہ مضبوط ہے اور حکومت اس مسئلے کو ہر فورم پر اٹھائے گی۔ انہوں نے کہا کہ بھارت کشمیری عوام کے حق خودارادیت کو تسلیم کرے اور اقوام متحدہ کی قراردادوں پر عمل درآمد کرایا جائے۔ ملک بھر میں ترقیاتی منصوبوں پر کام جاری ہے اور عوام کو بنیادی سہولیات کی فراہمی حکومت کی اولین ترجیح ہے۔ اجلاس میں وزراء اور اعلیٰ حکام نے شرکت کی اور مختلف امور پر تفصیلی غور کیا گیا۔
اسلام آباد وزیر اعظم نے کہا ہے کہ پاکستان اور کشمیر کے عوام کے درمیان رشتہ مضبوط ہے اور حکومت اس مسئلے کو ہر فورم پر اٹھائے گی۔ انہوں نے کہا کہ بھارت کشمیری عوام کے حق خودارادیت کو تسلیم کرے اور اقوام متحدہ کی قراردادوں پر عمل درآمد کرایا جائے۔ ملک بھر میں ترقیاتی منصوبوں پر کام جاری ہے اور عوام کو بنیادی سہولیات کی فراہمی حکومت کی اولین ترجیح ہے۔ اجلاس میں وزراء اور اعلیٰ حکام نے شرکت کی اور مختلف امور پر تفصیلی غور کیا گیا۔
22
اسلام آباد وزیر اعظم نے کہا ہے کہ پاکستان اور کشمیر کے عوام کے درمیان رشتہ مضبوط ہے اور حکومت اس مسئلے کو ہر فورم پر اٹھائے گی۔ انہوں نے کہا کہ بھارت کشمیری عوام کے حق خودارادیت کو تسلیم کرے اور اقوام متحدہ کی قراردادوں پر عمل درآمد کرایا جائے۔ ملک بھر میں ترقیاتی منصوبوں پر کام جاری ہے اور عوام کو بنیادی سہولیات کی فراہمی حکومت کی اولین ترجیح ہے۔ اجلاس میں وزراء اور اعلیٰ حکام نے شرکت کی اور مختلف امور پر تفصیلی غور کیا گیا۔
اسلام آباد وزیر اعظم نے کہا ہے کہ پاکستان اور کشمیر کے عوام کے درمیان رشتہ مضبوط ہے اور حکومت اس مسئلے کو ہر فورم پر اٹھائے گی۔ انہوں نے کہا کہ بھارت کشمیری عوام کے حق خودارادیت کو تسلیم کرے اور اقوام متحدہ کی قراردادوں پر عمل درآمد کرایا جائے۔ ملک بھر میں ترقیاتی منصوبوں پر کام جاری ہے اور عوام کو بنیادی سہولیات کی فراہمی حکومت کی اولین ترجیح ہے۔ اجلاس میں وزراء اور اعلیٰ حکام نے شرکت کی اور مختلف امور پر تفصیلی غور کیا گیا۔
اسلام آباد وزیر اعظم نے کہا ہے کہ پاکستان اور کشمیر کے عوام کے درمیان رشتہ مضبوط ہے اور حکومت اس مسئلے کو ہر فورم پر اٹھائے گی۔ انہوں نے کہا کہ بھارت کشمیری عوام کے حق خودارادیت کو تسلیم کرے اور اقوام متحدہ کی قراردادوں پر عمل درآمد کرایا جائے۔ ملک بھر میں ترقیاتی منصوبوں پر کام جاری ہے اور عوام کو بنیادی سہولیات کی فراہمی حکومت کی اولین ترجیح ہے۔ اجلاس میں وزراء اور اعلیٰ حکام نے شرکت کی اور مختلف امور پر تفصیلی غور کیا گیا۔
اسلام آباد وزیر اعظم نے کہا ہے کہ پاکستان اور کشمیر کے عوام کے درمیان رشتہ مضبوط ہے اور حکومت اس مسئلے کو ہر فورم پر اٹھائے گی۔ انہوں نے کہا کہ بھارت کشمیری عوام کے حق خودارادیت کو تسلیم کرے اور اقوام متحدہ کی قراردادوں پر عمل درآمد کرایا جائے۔ ملک بھر میں ترقیاتی منصوبوں پر کام جاری ہے اور عوام کو بنیادی سہولیات کی فراہمی حکومت کی اولین ترجیح ہے۔ اجلاس میں وزراء اور اعلیٰ حکام نے شرکت کی اور مختلف امور پر تفصیلی غور کیا گیا۔
اسلام آباد وزیر اعظم نے کہا ہے کہ پاکستان اور کشمیر کے عوام کے درمیان رشتہ مضبوط ہے اور حکومت اس مسئلے کو ہر فورم پر اٹھائے گی۔ انہوں نے کہا کہ بھارت کشمیری عوام کے حق خودارادیت کو تسلیم کرے اور اقوام متحدہ کی قراردادوں پر عمل درآمد کرایا جائے۔ ملک بھر میں ترقیاتی منصوبوں پر کام جاری ہے اور عوام کو بنیادی سہولیات کی فراہمی حکومت کی اولین ترجیح ہے۔ اجلاس میں وزراء اور اعلیٰ حکام نے شرکت کی اور مختلف امور پر تفصیلی غور کیا گیا۔
23
اسلام آباد وزیر اعظم نے کہا ہے کہ پاکستان اور کشمیر کے عوام کے درمیان رشتہ مضبوط ہے اور حکومت اس مسئلے کو ہر فورم پر اٹھائے گی۔ انہوں نے کہا کہ بھارت کشمیری عوام کے حق خودارادیت کو تسلیم کرے اور اقوام متحدہ کی قراردادوں پر عمل درآمد کرایا جائے۔ ملک بھر میں ترقیاتی منصوبوں پر کام جاری ہے اور عوام کو بنیادی سہولیات کی فراہمی حکومت کی اولین ترجیح ہے۔ اجلاس میں وزراء اور اعلیٰ حکام نے شرکت کی اور مختلف امور پر تفصیلی غور کیا گیا۔
اسلام آباد وزیر اعظم نے کہا ہے کہ پاکستان اور کشمیر کے عوام کے درمیان رشتہ مضبوط ہے اور حکومت اس مسئلے کو ہر فورم پر اٹھائے گی۔ انہوں نے کہا کہ بھارت کشمیری عوام کے حق خودارادیت کو تسلیم کرے اور اقوام متحدہ کی قراردادوں پر عمل درآمد کرایا جائے۔ ملک بھر میں ترقیاتی منصوبوں پر کام جاری ہے اور عوام کو بنیادی سہولیات کی فراہمی حکومت کی اولین ترجیح ہے۔ اجلاس میں وزراء اور اعلیٰ حکام نے شرکت کی اور مختلف امور پر تفصیلی غور کیا گیا۔
اسلام آباد وزیر اعظم نے کہا ہے کہ پاکستان اور کشمیر کے عوام کے درمیان رشتہ مضبوط ہے اور حکومت اس مسئلے کو ہر فورم پر اٹھائے گی۔ انہوں نے کہا کہ بھارت کشمیری عوام کے حق خودارادیت کو تسلیم کرے اور اقوام متحدہ کی قراردادوں پر عمل درآمد کرایا جائے۔ ملک بھر میں ترقیاتی منصوبوں پر کام جاری ہے اور عوام کو بنیادی سہولیات کی فراہمی حکومت کی اولین ترجیح ہے۔ اجلاس میں وزراء اور اعلیٰ حکام نے شرکت کی اور مختلف امور پر تفصیلی غور کیا گیا۔
اسلام آباد وزیر اعظم نے کہا ہے کہ پاکستان اور کشمیر کے عوام کے درمیان رشتہ مضبوط ہے اور حکومت اس مسئلے کو ہر فورم پر اٹھائے گی۔ انہوں نے کہا کہ بھارت کشمیری عوام کے حق خودارادیت کو تسلیم کرے اور اقوام متحدہ کی قراردادوں پر عمل درآمد کرایا جائے۔ ملک بھر میں ترقیاتی منصوبوں پر کام جاری ہے اور عوام کو بنیادی سہولیات کی فراہمی حکومت کی اولین ترجیح ہے۔ اجلاس میں وزراء اور اعلیٰ حکام نے شرکت کی اور مختلف امور پر تفصیلی غور کیا گیا۔
24
اسلام آباد وزیر اعظم نے کہا ہے کہ پاکستان اور کشمیر کے عوام کے درمیان رشتہ مضبوط ہے اور حکومت اس مسئلے کو ہر فورم پر اٹھائے گی۔ انہوں نے کہا کہ بھارت کشمیری عوام کے حق خودارادیت کو تسلیم کرے اور اقوام متحدہ کی قراردادوں پر عمل درآمد کرایا جائے۔ ملک بھر میں ترقیاتی منصوبوں پر کام جاری ہے اور عوام کو بنیادی سہولیات کی فراہمی حکومت کی اولین ترجیح ہے۔ اجلاس میں وزراء اور اعلیٰ حکام نے شرکت کی اور مختلف امور پر تفصیلی غور کیا گیا۔
اسلام آباد وزیر اعظم نے کہا ہے کہ پاکستان اور کشمیر کے عوام کے درمیان رشتہ مضبوط ہے اور حکومت اس مسئلے کو ہر فورم پر اٹھائے گی۔ انہوں نے کہا کہ بھارت کشمیری عوام کے حق خودارادیت کو تسلیم کرے اور اقوام متحدہ کی قراردادوں پر عمل درآمد کرایا جائے۔ ملک بھر میں ترقیاتی منصوبوں پر کام جاری ہے اور عوام کو بنیادی سہولیات کی فراہمی حکومت کی اولین ترجیح ہے۔ اجلاس میں وزراء اور اعلیٰ حکام نے شرکت کی اور مختلف امور پر تفصیلی غور کیا گیا۔
اسلام آباد وزیر اعظم نے کہا ہے کہ پاکستان اور کشمیر کے عوام کے درمیان رشتہ مضبوط ہے اور حکومت اس مسئلے کو ہر فورم پر اٹھائے گی۔ انہوں نے کہا کہ بھارت کشمیری عوام کے حق خودارادیت کو تسلیم کرے اور اقوام متحدہ کی قراردادوں پر عمل درآمد کرایا جائے۔ ملک بھر میں ترقیاتی منصوبوں پر کام جاری ہے اور عوام کو بنیادی سہولیات کی فراہمی حکومت کی اولین ترجیح ہے۔ اجلاس میں وزراء اور اعلیٰ حکام نے شرکت کی اور مختلف امور پر تفصیلی غور کیا گیا۔
اسلام آباد وزیر اعظم نے کہا ہے کہ پاکستان اور کشمیر کے عوام کے درمیان رشتہ مضبوط ہے اور حکومت اس مسئلے کو ہر فورم پر اٹھائے گی۔ انہوں نے کہا کہ بھارت کشمیری عوام کے حق خودارادیت کو تسلیم کرے اور اقوام متحدہ کی قراردادوں پر عمل درآمد کرایا جائے۔ ملک بھر میں ترقیاتی منصوبوں پر کام جاری ہے اور عوام کو بنیادی سہولیات کی فراہمی حکومت کی اولین ترجیح ہے۔ اجلاس میں وزراء اور اعلیٰ حکام نے شرکت کی اور مختلف امور پر تفصیلی غور کیا گیا۔
اسلام آباد وزیر اعظم نے کہا ہے کہ پاکستان اور کشمیر کے عوام کے درمیان رشتہ مضبوط ہے اور حکومت اس مسئلے کو ہر فورم پر اٹھائے گی۔ انہوں نے کہا کہ بھارت کشمیری عوام کے حق خودارادیت کو تسلیم کرے اور اقوام متحدہ کی قراردادوں پر عمل درآمد کرایا جائے۔ ملک بھر میں ترقیاتی منصوبوں پر کام جاری ہے اور عوام کو بنیادی سہولیات کی فراہمی حکومت کی اولین ترجیح ہے۔ اجلاس میں وزراء اور اعلیٰ حکام نے شرکت کی اور مختلف امور پر تفصیلی غور کیا گیا۔
25
اسلام آباد وزیر اعظم نے کہا ہے کہ پاکستان اور کشمیر کے عوام کے درمیان رشتہ مضبوط ہے اور حکومت اس مسئلے کو ہر فورم پر اٹھائے گی۔ انہوں نے کہا کہ بھارت کشمیری عوام کے حق خودارادیت کو تسلیم کرے اور اقوام متحدہ کی قراردادوں پر عمل درآمد کرایا جائے۔ ملک بھر میں ترقیاتی منصوبوں پر کام جاری ہے اور عوام کو بنیادی سہولیات کی فراہمی حکومت کی اولین ترجیح ہے۔ اجلاس میں وزراء اور اعلیٰ حکام نے شرکت کی اور مختلف امور پر تفصیلی غور کیا گیا۔
اسلام آباد وزیر اعظم نے کہا ہے کہ پاکستان اور کشمیر کے عوام کے درمیان رشتہ مضبوط ہے اور حکومت اس مسئلے کو ہر فورم پر اٹھائے گی۔ انہوں نے کہا کہ بھارت کشمیری عوام کے حق خودارادیت کو تسلیم کرے اور اقوام متحدہ کی قراردادوں پر عمل درآمد کرایا جائے۔ ملک بھر میں ترقیاتی منصوبوں پر کام جاری ہے اور عوام کو بنیادی سہولیات کی فراہمی حکومت کی اولین ترجیح ہے۔ اجلاس میں وزراء اور اعلیٰ حکام نے شرکت کی اور مختلف امور پر تفصیلی غور کیا گیا۔
اسلام آباد وزیر اعظم نے کہا ہے کہ پاکستان اور کشمیر کے عوام کے درمیان رشتہ مضبوط ہے اور حکومت اس مسئلے کو ہر فورم پر اٹھائے گی۔ انہوں نے کہا کہ بھارت کشمیری عوام کے حق خودارادیت کو تسلیم کرے اور اقوام متحدہ کی قراردادوں پر عمل درآمد کرایا جائے۔ ملک بھر میں ترقیاتی منصوبوں پر کام جاری ہے اور عوام کو بنیادی سہولیات کی فراہمی حکومت کی اولین ترجیح ہے۔ اجلاس میں وزراء اور اعلیٰ حکام نے شرکت کی اور مختلف امور پر تفصیلی غور کیا گیا۔
26
اسلام آباد وزیر اعظم نے کہا ہے کہ پاکستان اور کشمیر کے عوام کے درمیان رشتہ مضبوط ہے اور حکومت اس مسئلے کو ہر فورم پر اٹھائے گی۔ انہوں نے کہا کہ بھارت کشمیری عوام کے حق خودارادیت کو تسلیم کرے اور اقوام متحدہ کی قراردادوں پر عمل درآمد کرایا جائے۔ ملک بھر میں ترقیاتی منصوبوں پر کام جاری ہے اور عوام کو بنیادی سہولیات کی فراہمی حکومت کی اولین ترجیح ہے۔ اجلاس میں وزراء اور اعلیٰ حکام نے شرکت کی اور مختلف امور پر تفصیلی غور کیا گیا۔
اسلام آباد وزیر اعظم نے کہا ہے کہ پاکستان اور کشمیر کے عوام کے درمیان رشتہ مضبوط ہے اور حکومت اس مسئلے کو ہر فورم پر اٹھائے گی۔ انہوں نے کہا کہ بھارت کشمیری عوام کے حق خودارادیت کو تسلیم کرے اور اقوام متحدہ کی قراردادوں پر عمل درآمد کرایا جائے۔ ملک بھر میں ترقیاتی منصوبوں پر کام جاری ہے اور عوام کو بنیادی سہولیات کی فراہمی حکومت کی اولین ترجیح ہے۔ اجلاس میں وزراء اور اعلیٰ حکام نے شرکت کی اور مختلف امور پر تفصیلی غور کیا گیا۔
اسلام آباد وزیر اعظم نے کہا ہے کہ پاکستان اور کشمیر کے عوام کے درمیان رشتہ مضبوط ہے اور حکومت اس مسئلے کو ہر فورم پر اٹھائے گی۔ انہوں نے کہا کہ بھارت کشمیری عوام کے حق خودارادیت کو تسلیم کرے اور اقوام متحدہ کی قراردادوں پر عمل درآمد کرایا جائے۔ ملک بھر میں ترقیاتی منصوبوں پر کام جاری ہے اور عوام کو بنیادی سہولیات کی فراہمی حکومت کی اولین ترجیح ہے۔ اجلاس میں وزراء اور اعلیٰ حکام نے شرکت کی اور مختلف امور پر تفصیلی غور کیا گیا۔
اسلام آباد وزیر اعظم نے کہا ہے کہ پاکستان اور کشمیر کے عوام کے درمیان رشتہ مضبوط ہے اور حکومت اس مسئلے کو ہر فورم پر اٹھائے گی۔ انہوں نے کہا کہ بھارت کشمیری عوام کے حق خودارادیت کو تسلیم کرے اور اقوام متحدہ کی قراردادوں پر عمل درآمد کرایا جائے۔ ملک بھر میں ترقیاتی منصوبوں پر کام جاری ہے اور عوام کو بنیادی سہولیات کی فراہمی حکومت کی اولین ترجیح ہے۔ اجلاس میں وزراء اور اعلیٰ حکام نے شرکت کی اور مختلف امور پر تفصیلی غور کیا گیا۔
27
اسلام آباد وزیر اعظم نے کہا ہے کہ پاکستان اور کشمیر کے عوام کے درمیان رشتہ مضبوط ہے اور حکومت اس مسئلے کو ہر فورم پر اٹھائے گی۔ انہوں نے کہا کہ بھارت کشمیری عوام کے حق خودارادیت کو تسلیم کرے اور اقوام متحدہ کی قراردادوں پر عمل درآمد کرایا جائے۔ ملک بھر میں ترقیاتی منصوبوں پر کام جاری ہے اور عوام کو بنیادی سہولیات کی فراہمی حکومت کی اولین ترجیح ہے۔ اجلاس میں وزراء اور اعلیٰ حکام نے شرکت کی اور مختلف امور پر تفصیلی غور کیا گیا۔
اسلام آباد وزیر اعظم نے کہا ہے کہ پاکستان اور کشمیر کے عوام کے درمیان رشتہ مضبوط ہے اور حکومت اس مسئلے کو ہر فورم پر اٹھائے گی۔ انہوں نے کہا کہ بھارت کشمیری عوام کے حق خودارادیت کو تسلیم کرے اور اقوام متحدہ کی قراردادوں پر عمل درآمد کرایا جائے۔ ملک بھر میں ترقیاتی منصوبوں پر کام جاری ہے اور عوام کو بنیادی سہولیات کی فراہمی حکومت کی اولین ترجیح ہے۔ اجلاس میں وزراء اور اعلیٰ حکام نے شرکت کی اور مختلف امور پر تفصیلی غور کیا گیا۔
اسلام آباد وزیر اعظم نے کہا ہے کہ پاکستان اور کشمیر کے عوام کے درمیان رشتہ مضبوط ہے اور حکومت اس مسئلے کو ہر فورم پر اٹھائے گی۔ انہوں نے کہا کہ بھارت کشمیری عوام کے حق خودارادیت کو تسلیم کرے اور اقوام متحدہ کی قراردادوں پر عمل درآمد کرایا جائے۔ ملک بھر میں ترقیاتی منصوبوں پر کام جاری ہے اور عوام کو بنیادی سہولیات کی فراہمی حکومت کی اولین ترجیح ہے۔ اجلاس میں وزراء اور اعلیٰ حکام نے شرکت کی اور مختلف امور پر تفصیلی غور کیا گیا۔
اسلام آباد وزیر اعظم نے کہا ہے کہ پاکستان اور کشمیر کے عوام کے درمیان رشتہ مضبوط ہے اور حکومت اس مسئلے کو ہر فورم پر اٹھائے گی۔ انہوں نے کہا کہ بھارت کشمیری عوام کے حق خودارادیت کو تسلیم کرے اور اقوام متحدہ کی قراردادوں پر عمل درآمد کرایا جائے۔ ملک بھر میں ترقیاتی منصوبوں پر کام جاری ہے اور عوام کو بنیادی سہولیات کی فراہمی حکومت کی اولین ترجیح ہے۔ اجلاس میں وزراء اور اعلیٰ حکام نے شرکت کی اور مختلف امور پر تفصیلی غور کیا گیا۔
اسلام آباد وزیر اعظم نے کہا ہے کہ پاکستان اور کشمیر کے عوام کے درمیان رشتہ مضبوط ہے اور حکومت اس مسئلے کو ہر فورم پر اٹھائے گی۔ انہوں نے کہا کہ بھارت کشمیری عوام کے حق خودارادیت کو تسلیم کرے اور اقوام متحدہ کی قراردادوں پر عمل درآمد کرایا جائے۔ ملک بھر میں ترقیاتی منصوبوں پر کام جاری ہے اور عوام کو بنیادی سہولیات کی فراہمی حکومت کی اولین ترجیح ہے۔ اجلاس میں وزراء اور اعلیٰ حکام نے شرکت کی اور مختلف امور پر تفصیلی غور کیا گیا۔
28
اسلام آباد وزیر اعظم نے کہا ہے کہ پاکستان اور کشمیر کے عوام کے درمیان رشتہ مضبوط ہے اور حکومت اس مسئلے کو ہر فورم پر اٹھائے گی۔ انہوں نے کہا کہ بھارت کشمیری عوام کے حق خودارادیت کو تسلیم کرے اور اقوام متحدہ کی قراردادوں پر عمل درآمد کرایا جائے۔ ملک بھر میں ترقیاتی منصوبوں پر کام جاری ہے اور عوام کو بنیادی سہولیات کی فراہمی حکومت کی اولین ترجیح ہے۔ اجلاس میں وزراء اور اعلیٰ حکام نے شرکت کی اور مختلف امور پر تفصیلی غور کیا گیا۔
اسلام آباد وزیر اعظم نے کہا ہے کہ پاکستان اور کشمیر کے عوام کے درمیان رشتہ مضبوط ہے اور حکومت اس مسئلے کو ہر فورم پر اٹھائے گی۔ انہوں نے کہا کہ بھارت کشمیری عوام کے حق خودارادیت کو تسلیم کرے اور اقوام متحدہ کی قراردادوں پر عمل درآمد کرایا جائے۔ ملک بھر میں ترقیاتی منصوبوں پر کام جاری ہے اور عوام کو بنیادی سہولیات کی فراہمی حکومت کی اولین ترجیح ہے۔ اجلاس میں وزراء اور اعلیٰ حکام نے شرکت کی اور مختلف امور پر تفصیلی غور کیا گیا۔
اسلام آباد وزیر اعظم نے کہا ہے کہ پاکستان اور کشمیر کے عوام کے درمیان رشتہ مضبوط ہے اور حکومت اس مسئلے کو ہر فورم پر اٹھائے گی۔ انہوں نے کہا کہ بھارت کشمیری عوام کے حق خودارادیت کو تسلیم کرے اور اقوام متحدہ کی قراردادوں پر عمل درآمد کرایا جائے۔ ملک بھر میں ترقیاتی منصوبوں پر کام جاری ہے اور عوام کو بنیادی سہولیات کی فراہمی حکومت کی اولین ترجیح ہے۔ اجلاس میں وزراء اور اعلیٰ حکام نے شرکت کی اور مختلف امور پر تفصیلی غور کیا گیا۔
29
اسلام آباد وزیر اعظم نے کہا ہے کہ پاکستان اور کشمیر کے عوام کے درمیان رشتہ مضبوط ہے اور حکومت اس مسئلے کو ہر فورم پر اٹھائے گی۔ انہوں نے کہا کہ بھارت کشمیری عوام کے حق خودارادیت کو تسلیم کرے اور اقوام متحدہ کی قراردادوں پر عمل درآمد کرایا جائے۔ ملک بھر میں ترقیاتی منصوبوں پر کام جاری ہے اور عوام کو بنیادی سہولیات کی فراہمی حکومت کی اولین ترجیح ہے۔ اجلاس میں وزراء اور اعلیٰ حکام نے شرکت کی اور مختلف امور پر تفصیلی غور کیا گیا۔
اسلام آباد وزیر اعظم نے کہا ہے کہ پاکستان اور کشمیر کے عوام کے درمیان رشتہ مضبوط ہے اور حکومت اس مسئلے کو ہر فورم پر اٹھائے گی۔ انہوں نے کہا کہ بھارت کشمیری عوام کے حق خودارادیت کو تسلیم کرے اور اقوام متحدہ کی قراردادوں پر عمل درآمد کرایا جائے۔ ملک بھر میں ترقیاتی منصوبوں پر کام جاری ہے اور عوام کو بنیادی سہولیات کی فراہمی حکومت کی اولین ترجیح ہے۔ اجلاس میں وزراء اور اعلیٰ حکام نے شرکت کی اور مختلف امور پر تفصیلی غور کیا گیا۔
اسلام آباد وزیر اعظم نے کہا ہے کہ پاکستان اور کشمیر کے عوام کے درمیان رشتہ مضبوط ہے اور حکومت اس مسئلے کو ہر فورم پر اٹھائے گی۔ انہوں نے کہا کہ بھارت کشمیری عوام کے حق خودارادیت کو تسلیم کرے اور اقوام متحدہ کی قراردادوں پر عمل درآمد کرایا جائے۔ ملک بھر میں ترقیاتی منصوبوں پر کام جاری ہے اور عوام کو بنیادی سہولیات کی فراہمی حکومت کی اولین ترجیح ہے۔ اجلاس میں وزراء اور اعلیٰ حکام نے شرکت کی اور مختلف امور پر تفصیلی غور کیا گیا۔
اسلام آباد وزیر اعظم نے کہا ہے کہ پاکستان اور کشمیر کے عوام کے درمیان رشتہ مضبوط ہے اور حکومت اس مسئلے کو ہر فورم پر اٹھائے گی۔ انہوں نے کہا کہ بھارت کشمیری عوام کے حق خودارادیت کو تسلیم کرے اور اقوام متحدہ کی قراردادوں پر عمل درآمد کرایا جائے۔ ملک بھر میں ترقیاتی منصوبوں پر کام جاری ہے اور عوام کو بنیادی سہولیات کی فراہمی حکومت کی اولین ترجیح ہے۔ اجلاس میں وزراء اور اعلیٰ حکام نے شرکت کی اور مختلف امور پر تفصیلی غور کیا گیا۔
30
اسلام آباد وزیر اعظم نے کہا ہے کہ پاکستان اور کشمیر کے عوام کے درمیان رشتہ مضبوط ہے اور حکومت اس مسئلے کو ہر فورم پر اٹھائے گی۔ انہوں نے کہا کہ بھارت کشمیری عوام کے حق خودارادیت کو تسلیم کرے اور اقوام متحدہ کی قراردادوں پر عمل درآمد کرایا جائے۔ ملک بھر میں ترقیاتی منصوبوں پر کام جاری ہے اور عوام کو بنیادی سہولیات کی فراہمی حکومت کی اولین ترجیح ہے۔ اجلاس میں وزراء اور اعلیٰ حکام نے شرکت کی اور مختلف امور پر تفصیلی غور کیا گیا۔
اسلام آباد وزیر اعظم نے کہا ہے کہ پاکستان اور کشمیر کے عوام کے درمیان رشتہ مضبوط ہے اور حکومت اس مسئلے کو ہر فورم پر اٹھائے گی۔ انہوں نے کہا کہ بھارت کشمیری عوام کے حق خودارادیت کو تسلیم کرے اور اقوام متحدہ کی قراردادوں پر عمل درآمد کرایا جائے۔ ملک بھر میں ترقیاتی منصوبوں پر کام جاری ہے اور عوام کو بنیادی سہولیات کی فراہمی حکومت کی اولین ترجیح ہے۔ اجلاس میں وزراء اور اعلیٰ حکام نے شرکت کی اور مختلف امور پر تفصیلی غور کیا گیا۔
اسلام آباد وزیر اعظم نے کہا ہے کہ پاکستان اور کشمیر کے عوام کے درمیان رشتہ مضبوط ہے اور حکومت اس مسئلے کو ہر فورم پر اٹھائے گی۔ انہوں نے کہا کہ بھارت کشمیری عوام کے حق خودارادیت کو تسلیم کرے اور اقوام متحدہ کی قراردادوں پر عمل درآمد کرایا جائے۔ ملک بھر میں ترقیاتی منصوبوں پر کام جاری ہے اور عوام کو بنیادی سہولیات کی فراہمی حکومت کی اولین ترجیح ہے۔ اجلاس میں وزراء اور اعلیٰ حکام نے شرکت کی اور مختلف امور پر تفصیلی غور کیا گیا۔
اسلام آباد وزیر اعظم نے کہا ہے کہ پاکستان اور کشمیر کے عوام کے درمیان رشتہ مضبوط ہے اور حکومت اس مسئلے کو ہر فورم پر اٹھائے گی۔ انہوں نے کہا کہ بھارت کشمیری عوام کے حق خودارادیت کو تسلیم کرے اور اقوام متحدہ کی قراردادوں پر عمل درآمد کرایا جائے۔ ملک بھر میں ترقیاتی منصوبوں پر کام جاری ہے اور عوام کو بنیادی سہولیات کی فراہمی حکومت کی اولین ترجیح ہے۔ اجلاس میں وزراء اور اعلیٰ حکام نے شرکت کی اور مختلف امور پر تفصیلی غور کیا گیا۔
اسلام آباد وزیر اعظم نے کہا ہے کہ پاکستان اور کشمیر کے عوام کے درمیان رشتہ مضبوط ہے اور حکومت اس مسئلے کو ہر فورم پر اٹھائے گی۔ انہوں نے کہا کہ بھارت کشمیری عوام کے حق خودارادیت کو تسلیم کرے اور اقوام متحدہ کی قراردادوں پر عمل درآمد کرایا جائے۔ ملک بھر میں ترقیاتی منصوبوں پر کام جاری ہے اور عوام کو بنیادی سہولیات کی فراہمی حکومت کی اولین ترجیح ہے۔ اجلاس میں وزراء اور اعلیٰ حکام نے شرکت کی اور مختلف امور پر تفصیلی غور کیا گیا۔
31
اسلام آباد وزیر اعظم نے کہا ہے کہ پاکستان اور کشمیر کے عوام کے درمیان رشتہ مضبوط ہے اور حکومت اس مسئلے کو ہر فورم پر اٹھائے گی۔ انہوں نے کہا کہ بھارت کشمیری عوام کے حق خودارادیت کو تسلیم کرے اور اقوام متحدہ کی قراردادوں پر عمل درآمد کرایا جائے۔ ملک بھر میں ترقیاتی منصوبوں پر کام جاری ہے اور عوام کو بنیادی سہولیات کی فراہمی حکومت کی اولین ترجیح ہے۔ اجلاس میں وزراء اور اعلیٰ حکام نے شرکت کی اور مختلف امور پر تفصیلی غور کیا گیا۔
اسلام آباد وزیر اعظم نے کہا ہے کہ پاکستان اور کشمیر کے عوام کے درمیان رشتہ مضبوط ہے اور حکومت اس مسئلے کو ہر فورم پر اٹھائے گی۔ انہوں نے کہا کہ بھارت کشمیری عوام کے حق خودارادیت کو تسلیم کرے اور اقوام متحدہ کی قراردادوں پر عمل درآمد کرایا جائے۔ ملک بھر میں ترقیاتی منصوبوں پر کام جاری ہے اور عوام کو بنیادی سہولیات کی فراہمی حکومت کی اولین ترجیح ہے۔ اجلاس میں وزراء اور اعلیٰ حکام نے شرکت کی اور مختلف امور پر تفصیلی غور کیا گیا۔
اسلام آباد وزیر اعظم نے کہا ہے کہ پاکستان اور کشمیر کے عوام کے درمیان رشتہ مضبوط ہے اور حکومت اس مسئلے کو ہر فورم پر اٹھائے گی۔ انہوں نے کہا کہ بھارت کشمیری عوام کے حق خودارادیت کو تسلیم کرے اور اقوام متحدہ کی قراردادوں پر عمل درآمد کرایا جائے۔ ملک بھر میں ترقیاتی منصوبوں پر کام جاری ہے اور عوام کو بنیادی سہولیات کی فراہمی حکومت کی اولین ترجیح ہے۔ اجلاس میں وزراء اور اعلیٰ حکام نے شرکت کی اور مختلف امور پر تفصیلی غور کیا گیا۔
اسلام آباد وزیر اعظم نے کہا ہے کہ پاکستان اور کشمیر کے عوام کے درمیان رشتہ مضبوط ہے اور حکومت اس مسئلے کو ہر فورم پر اٹھائے گی۔ انہوں نے کہا کہ بھارت کشمیری عوام کے حق خودارادیت کو تسلیم کرے اور اقوام متحدہ کی قراردادوں پر عمل درآمد کرایا جائے۔ ملک بھر میں ترقیاتی منصوبوں پر کام جاری ہے اور عوام کو بنیادی سہولیات کی فراہمی حکومت کی اولین ترجیح ہے۔ اجلاس میں وزراء اور اعلیٰ حکام نے شرکت کی اور مختلف امور پر تفصیلی غور کیا گیا۔
اسلام آباد وزیر اعظم نے کہا ہے کہ پاکستان اور کشمیر کے عوام کے درمیان رشتہ مضبوط ہے اور حکومت اس مسئلے کو ہر فورم پر اٹھائے گی۔ انہوں نے کہا کہ بھارت کشمیری عوام کے حق خودارادیت کو تسلیم کرے اور اقوام متحدہ کی قراردادوں پر عمل درآمد کرایا جائے۔ ملک بھر میں ترقیاتی منصوبوں پر کام جاری ہے اور عوام کو بنیادی سہولیات کی فراہمی حکومت کی اولین ترجیح ہے۔ اجلاس میں وزراء اور اعلیٰ حکام نے شرکت کی اور مختلف امور پر تفصیلی غور کیا گیا۔
32
اسلام آباد وزیر اعظم نے کہا ہے کہ پاکستان اور کشمیر کے عوام کے درمیان رشتہ مضبوط ہے اور حکومت اس مسئلے کو ہر فورم پر اٹھائے گی۔ انہوں نے کہا کہ بھارت کشمیری عوام کے حق خودارادیت کو تسلیم کرے اور اقوام متحدہ کی قراردادوں پر عمل درآمد کرایا جائے۔ ملک بھر میں ترقیاتی منصوبوں پر کام جاری ہے اور عوام کو بنیادی سہولیات کی فراہمی حکومت کی اولین ترجیح ہے۔ اجلاس میں وزراء اور اعلیٰ حکام نے شرکت کی اور مختلف امور پر تفصیلی غور کیا گیا۔
اسلام آباد وزیر اعظم نے کہا ہے کہ پاکستان اور کشمیر کے عوام کے درمیان رشتہ مضبوط ہے اور حکومت اس مسئلے کو ہر فورم پر اٹھائے گی۔ انہوں نے کہا کہ بھارت کشمیری عوام کے حق خودارادیت کو تسلیم کرے اور اقوام متحدہ کی قراردادوں پر عمل درآمد کرایا جائے۔ ملک بھر میں ترقیاتی منصوبوں پر کام جاری ہے اور عوام کو بنیادی سہولیات کی فراہمی حکومت کی اولین ترجیح ہے۔ اجلاس میں وزراء اور اعلیٰ حکام نے شرکت کی اور مختلف امور پر تفصیلی غور کیا گیا۔
اسلام آباد وزیر اعظم نے کہا ہے کہ پاکستان اور کشمیر کے عوام کے درمیان رشتہ مضبوط ہے اور حکومت اس مسئلے کو ہر فورم پر اٹھائے گی۔ انہوں نے کہا کہ بھارت کشمیری عوام کے حق خودارادیت کو تسلیم کرے اور اقوام متحدہ کی قراردادوں پر عمل درآمد کرایا جائے۔ ملک بھر میں ترقیاتی منصوبوں پر کام جاری ہے اور عوام کو بنیادی سہولیات کی فراہمی حکومت کی اولین ترجیح ہے۔ اجلاس میں وزراء اور اعلیٰ حکام نے شرکت کی اور مختلف امور پر تفصیلی غور کیا گیا۔
33
اسلام آباد وزیر اعظم نے کہا ہے کہ پاکستان اور کشمیر کے عوام کے درمیان رشتہ مضبوط ہے اور حکومت اس مسئلے کو ہر فورم پر اٹھائے گی۔ انہوں نے کہا کہ بھارت کشمیری عوام کے حق خودارادیت کو تسلیم کرے اور اقوام متحدہ کی قراردادوں پر عمل درآمد کرایا جائے۔ ملک بھر میں ترقیاتی منصوبوں پر کام جاری ہے اور عوام کو بنیادی سہولیات کی فراہمی حکومت کی اولین ترجیح ہے۔ اجلاس میں وزراء اور اعلیٰ حکام نے شرکت کی اور مختلف امور پر تفصیلی غور کیا گیا۔
اسلام آباد وزیر اعظم نے کہا ہے کہ پاکستان اور کشمیر کے عوام کے درمیان رشتہ مضبوط ہے اور حکومت اس مسئلے کو ہر فورم پر اٹھائے گی۔ انہوں نے کہا کہ بھارت کشمیری عوام کے حق خودارادیت کو تسلیم کرے اور اقوام متحدہ کی قراردادوں پر عمل درآمد کرایا جائے۔ ملک بھر میں ترقیاتی منصوبوں پر کام جاری ہے اور عوام کو بنیادی سہولیات کی فراہمی حکومت کی اولین ترجیح ہے۔ اجلاس میں وزراء اور اعلیٰ حکام نے شرکت کی اور مختلف امور پر تفصیلی غور کیا گیا۔
اسلام آباد وزیر اعظم نے کہا ہے کہ پاکستان اور کشمیر کے عوام کے درمیان رشتہ مضبوط ہے اور حکومت اس مسئلے کو ہر فورم پر اٹھائے گی۔ انہوں نے کہا کہ بھارت کشمیری عوام کے حق خودارادیت کو تسلیم کرے اور اقوام متحدہ کی قراردادوں پر عمل درآمد کرایا جائے۔ ملک بھر میں ترقیاتی منصوبوں پر کام جاری ہے اور عوام کو بنیادی سہولیات کی فراہمی حکومت کی اولین ترجیح ہے۔ اجلاس میں وزراء اور اعلیٰ حکام نے شرکت کی اور مختلف امور پر تفصیلی غور کیا گیا۔
اسلام آباد وزیر اعظم نے کہا ہے کہ پاکستان اور کشمیر کے عوام کے درمیان رشتہ مضبوط ہے اور حکومت اس مسئلے کو ہر فورم پر اٹھائے گی۔ انہوں نے کہا کہ بھارت کشمیری عوام کے حق خودارادیت کو تسلیم کرے اور اقوام متحدہ کی قراردادوں پر عمل درآمد کرایا جائے۔ ملک بھر میں ترقیاتی منصوبوں پر کام جاری ہے اور عوام کو بنیادی سہولیات کی فراہمی حکومت کی اولین ترجیح ہے۔ اجلاس میں وزراء اور اعلیٰ حکام نے شرکت کی اور مختلف امور پر تفصیلی غور کیا گیا۔
34
اسلام آباد وزیر اعظم نے کہا ہے کہ پاکستان اور کشمیر کے عوام کے درمیان رشتہ مضبوط ہے اور حکومت اس مسئلے کو ہر فورم پر اٹھائے گی۔ انہوں نے کہا کہ بھارت کشمیری عوام کے حق خودارادیت کو تسلیم کرے اور اقوام متحدہ کی قراردادوں پر عمل درآمد کرایا جائے۔ ملک بھر میں ترقیاتی منصوبوں پر کام جاری ہے اور عوام کو بنیادی سہولیات کی فراہمی حکومت کی اولین ترجیح ہے۔ اجلاس میں وزراء اور اعلیٰ حکام نے شرکت کی اور مختلف امور پر تفصیلی غور کیا گیا۔
اسلام آباد وزیر اعظم نے کہا ہے کہ پاکستان اور کشمیر کے عوام کے درمیان رشتہ مضبوط ہے اور حکومت اس مسئلے کو ہر فورم پر اٹھائے گی۔ انہوں نے کہا کہ بھارت کشمیری عوام کے حق خودارادیت کو تسلیم کرے اور اقوام متحدہ کی قراردادوں پر عمل درآمد کرایا جائے۔ ملک بھر میں ترقیاتی منصوبوں پر کام جاری ہے اور عوام کو بنیادی سہولیات کی فراہمی حکومت کی اولین ترجیح ہے۔ اجلاس میں وزراء اور اعلیٰ حکام نے شرکت کی اور مختلف امور پر تفصیلی غور کیا گیا۔
اسلام آباد وزیر اعظم نے کہا ہے کہ پاکستان اور کشمیر کے عوام کے درمیان رشتہ مضبوط ہے اور حکومت اس مسئلے کو ہر فورم پر اٹھائے گی۔ انہوں نے کہا کہ بھارت کشمیری عوام کے حق خودارادیت کو تسلیم کرے اور اقوام متحدہ کی قراردادوں پر عمل درآمد کرایا جائے۔ ملک بھر میں ترقیاتی منصوبوں پر کام جاری ہے اور عوام کو بنیادی سہولیات کی فراہمی حکومت کی اولین ترجیح ہے۔ اجلاس میں وزراء اور اعلیٰ حکام نے شرکت کی اور مختلف امور پر تفصیلی غور کیا گیا۔
اسلام آباد وزیر اعظم نے کہا ہے کہ پاکستان اور کشمیر کے عوام کے درمیان رشتہ مضبوط ہے اور حکومت اس مسئلے کو ہر فورم پر اٹھائے گی۔ انہوں نے کہا کہ بھارت کشمیری عوام کے حق خودارادیت کو تسلیم کرے اور اقوام متحدہ کی قراردادوں پر عمل درآمد کرایا جائے۔ ملک بھر میں ترقیاتی منصوبوں پر کام جاری ہے اور عوام کو بنیادی سہولیات کی فراہمی حکومت کی اولین ترجیح ہے۔ اجلاس میں وزراء اور اعلیٰ حکام نے شرکت کی اور مختلف امور پر تفصیلی غور کیا گیا۔
اسلام آباد وزیر اعظم نے کہا ہے کہ پاکستان اور کشمیر کے عوام کے درمیان رشتہ مضبوط ہے اور حکومت اس مسئلے کو ہر فورم پر اٹھائے گی۔ انہوں نے کہا کہ بھارت کشمیری عوام کے حق خودارادیت کو تسلیم کرے اور اقوام متحدہ کی قراردادوں پر عمل درآمد کرایا جائے۔ ملک بھر میں ترقیاتی منصوبوں پر کام جاری ہے اور عوام کو بنیادی سہولیات کی فراہمی حکومت کی اولین ترجیح ہے۔ اجلاس میں وزراء اور اعلیٰ حکام نے شرکت کی اور مختلف امور پر تفصیلی غور کیا گیا۔
35
اسلام آباد وزیر اعظم نے کہا ہے کہ پاکستان اور کشمیر کے عوام کے درمیان رشتہ مضبوط ہے اور حکومت اس مسئلے کو ہر فورم پر اٹھائے گی۔ انہوں نے کہا کہ بھارت کشمیری عوام کے حق خودارادیت کو تسلیم کرے اور اقوام متحدہ کی قراردادوں پر عمل درآمد کرایا جائے۔ ملک بھر میں ترقیاتی منصوبوں پر کام جاری ہے اور عوام کو بنیادی سہولیات کی فراہمی حکومت کی اولین ترجیح ہے۔ اجلاس میں وزراء اور اعلیٰ حکام نے شرکت کی اور مختلف امور پر تفصیلی غور کیا گیا۔
اسلام آباد وزیر اعظم نے کہا ہے کہ پاکستان اور کشمیر کے عوام کے درمیان رشتہ مضبوط ہے اور حکومت اس مسئلے کو ہر فورم پر اٹھائے گی۔ انہوں نے کہا کہ بھارت کشمیری عوام کے حق خودارادیت کو تسلیم کرے اور اقوام متحدہ کی قراردادوں پر عمل درآمد کرایا جائے۔ ملک بھر میں ترقیاتی منصوبوں پر کام جاری ہے اور عوام کو بنیادی سہولیات کی فراہمی حکومت کی اولین ترجیح ہے۔ اجلاس میں وزراء اور اعلیٰ حکام نے شرکت کی اور مختلف امور پر تفصیلی غور کیا گیا۔
اسلام آباد وزیر اعظم نے کہا ہے کہ پاکستان اور کشمیر کے عوام کے درمیان رشتہ مضبوط ہے اور حکومت اس مسئلے کو ہر فورم پر اٹھائے گی۔ انہوں نے کہا کہ بھارت کشمیری عوام کے حق خودارادیت کو تسلیم کرے اور اقوام متحدہ کی قراردادوں پر عمل درآمد کرایا جائے۔ ملک بھر میں ترقیاتی منصوبوں پر کام جاری ہے اور عوام کو بنیادی سہولیات کی فراہمی حکومت کی اولین ترجیح ہے۔ اجلاس میں وزراء اور اعلیٰ حکام نے شرکت کی اور مختلف امور پر تفصیلی غور کیا گیا۔
36
اسلام آباد وزیر اعظم نے کہا ہے کہ پاکستان اور کشمیر کے عوام کے درمیان رشتہ مضبوط ہے اور حکومت اس مسئلے کو ہر فورم پر اٹھائے گی۔ انہوں نے کہا کہ بھارت کشمیری عوام کے حق خودارادیت کو تسلیم کرے اور اقوام متحدہ کی قراردادوں پر عمل درآمد کرایا جائے۔ ملک بھر میں ترقیاتی منصوبوں پر کام جاری ہے اور عوام کو بنیادی سہولیات کی فراہمی حکومت کی اولین ترجیح ہے۔ اجلاس میں وزراء اور اعلیٰ حکام نے شرکت کی اور مختلف امور پر تفصیلی غور کیا گیا۔
اسلام آباد وزیر اعظم نے کہا ہے کہ پاکستان اور کشمیر کے عوام کے درمیان رشتہ مضبوط ہے اور حکومت اس مسئلے کو ہر فورم پر اٹھائے گی۔ انہوں نے کہا کہ بھارت کشمیری عوام کے حق خودارادیت کو تسلیم کرے اور اقوام متحدہ کی قراردادوں پر عمل درآمد کرایا جائے۔ ملک بھر میں ترقیاتی منصوبوں پر کام جاری ہے اور عوام کو بنیادی سہولیات کی فراہمی حکومت کی اولین ترجیح ہے۔ اجلاس میں وزراء اور اعلیٰ حکام نے شرکت کی اور مختلف امور پر تفصیلی غور کیا گیا۔
اسلام آباد وزیر اعظم نے کہا ہے کہ پاکستان اور کشمیر کے عوام کے درمیان رشتہ مضبوط ہے اور حکومت اس مسئلے کو ہر فورم پر اٹھائے گی۔ انہوں نے کہا کہ بھارت کشمیری عوام کے حق خودارادیت کو تسلیم کرے اور اقوام متحدہ کی قراردادوں پر عمل درآمد کرایا جائے۔ ملک بھر میں ترقیاتی منصوبوں پر کام جاری ہے اور عوام کو بنیادی سہولیات کی فراہمی حکومت کی اولین ترجیح ہے۔ اجلاس میں وزراء اور اعلیٰ حکام نے شرکت کی اور مختلف امور پر تفصیلی غور کیا گیا۔
اسلام آباد وزیر اعظم نے کہا ہے کہ پاکستان اور کشمیر کے عوام کے درمیان رشتہ مضبوط ہے اور حکومت اس مسئلے کو ہر فورم پر اٹھائے گی۔ انہوں نے کہا کہ بھارت کشمیری عوام کے حق خودارادیت کو تسلیم کرے اور اقوام متحدہ کی قراردادوں پر عمل درآمد کرایا جائے۔ ملک بھر میں ترقیاتی منصوبوں پر کام جاری ہے اور عوام کو بنیادی سہولیات کی فراہمی حکومت کی اولین ترجیح ہے۔ اجلاس میں وزراء اور اعلیٰ حکام نے شرکت کی اور مختلف امور پر تفصیلی غور کیا گیا۔
37
اسلام آباد وزیر اعظم نے کہا ہے کہ پاکستان اور کشمیر کے عوام کے درمیان رشتہ مضبوط ہے اور حکومت اس مسئلے کو ہر فورم پر اٹھائے گی۔ انہوں نے کہا کہ بھارت کشمیری عوام کے حق خودارادیت کو تسلیم کرے اور اقوام متحدہ کی قراردادوں پر عمل درآمد کرایا جائے۔ ملک بھر میں ترقیاتی منصوبوں پر کام جاری ہے اور عوام کو بنیادی سہولیات کی فراہمی حکومت کی اولین ترجیح ہے۔ اجلاس میں وزراء اور اعلیٰ حکام نے شرکت کی اور مختلف امور پر تفصیلی غور کیا گیا۔
اسلام آباد وزیر اعظم نے کہا ہے کہ پاکستان اور کشمیر کے عوام کے درمیان رشتہ مضبوط ہے اور حکومت اس مسئلے کو ہر فورم پر اٹھائے گی۔ انہوں نے کہا کہ بھارت کشمیری عوام کے حق خودارادیت کو تسلیم کرے اور اقوام متحدہ کی قراردادوں پر عمل درآمد کرایا جائے۔ ملک بھر میں ترقیاتی منصوبوں پر کام جاری ہے اور عوام کو بنیادی سہولیات کی فراہمی حکومت کی اولین ترجیح ہے۔ اجلاس میں وزراء اور اعلیٰ حکام نے شرکت کی اور مختلف امور پر تفصیلی غور کیا گیا۔
اسلام آباد وزیر اعظم نے کہا ہے کہ پاکستان اور کشمیر کے عوام کے درمیان رشتہ مضبوط ہے اور حکومت اس مسئلے کو ہر فورم پر اٹھائے گی۔ انہوں نے کہا کہ بھارت کشمیری عوام کے حق خودارادیت کو تسلیم کرے اور اقوام متحدہ کی قراردادوں پر عمل درآمد کرایا جائے۔ ملک بھر میں ترقیاتی منصوبوں پر کام جاری ہے اور عوام کو بنیادی سہولیات کی فراہمی حکومت کی اولین ترجیح ہے۔ اجلاس میں وزراء اور اعلیٰ حکام نے شرکت کی اور مختلف امور پر تفصیلی غور کیا گیا۔
38
اسلام آباد وزیر اعظم نے کہا ہے کہ پاکستان اور کشمیر کے عوام کے درمیان رشتہ مضبوط ہے اور حکومت اس مسئلے کو ہر فورم پر اٹھائے گی۔ انہوں نے کہا کہ بھارت کشمیری عوام کے حق خودارادیت کو تسلیم کرے اور اقوام متحدہ کی قراردادوں پر عمل درآمد کرایا جائے۔ ملک بھر میں ترقیاتی منصوبوں پر کام جاری ہے اور عوام کو بنیادی سہولیات کی فراہمی حکومت کی اولین ترجیح ہے۔ اجلاس میں وزراء اور اعلیٰ حکام نے شرکت کی اور مختلف امور پر تفصیلی غور کیا گیا۔
اسلام آباد وزیر اعظم نے کہا ہے کہ پاکستان اور کشمیر کے عوام کے درمیان رشتہ مضبوط ہے اور حکومت اس مسئلے کو ہر فورم پر اٹھائے گی۔ انہوں نے کہا کہ بھارت کشمیری عوام کے حق خودارادیت کو تسلیم کرے اور اقوام متحدہ کی قراردادوں پر عمل درآمد کرایا جائے۔ ملک بھر میں ترقیاتی منصوبوں پر کام جاری ہے اور عوام کو بنیادی سہولیات کی فراہمی حکومت کی اولین ترجیح ہے۔ اجلاس میں وزراء اور اعلیٰ حکام نے شرکت کی اور مختلف امور پر تفصیلی غور کیا گیا۔
اسلام آباد وزیر اعظم نے کہا ہے کہ پاکستان اور کشمیر کے عوام کے درمیان رشتہ مضبوط ہے اور حکومت اس مسئلے کو ہر فورم پر اٹھائے گی۔ انہوں نے کہا کہ بھارت کشمیری عوام کے حق خودارادیت کو تسلیم کرے اور اقوام متحدہ کی قراردادوں پر عمل درآمد کرایا جائے۔ ملک بھر میں ترقیاتی منصوبوں پر کام جاری ہے اور عوام کو بنیادی سہولیات کی فراہمی حکومت کی اولین ترجیح ہے۔ اجلاس میں وزراء اور اعلیٰ حکام نے شرکت کی اور مختلف امور پر تفصیلی غور کیا گیا۔
اسلام آباد وزیر اعظم نے کہا ہے کہ پاکستان اور کشمیر کے عوام کے درمیان رشتہ مضبوط ہے اور حکومت اس مسئلے کو ہر فورم پر اٹھائے گی۔ انہوں نے کہا کہ بھارت کشمیری عوام کے حق خودارادیت کو تسلیم کرے اور اقوام متحدہ کی قراردادوں پر عمل درآمد کرایا جائے۔ ملک بھر میں ترقیاتی منصوبوں پر کام جاری ہے اور عوام کو بنیادی سہولیات کی فراہمی حکومت کی اولین ترجیح ہے۔ اجلاس میں وزراء اور اعلیٰ حکام نے شرکت کی اور مختلف امور پر تفصیلی غور کیا گیا۔
39
اسلام آباد وزیر اعظم نے کہا ہے کہ پاکستان اور کشمیر کے عوام کے درمیان رشتہ مضبوط ہے اور حکومت اس مسئلے کو ہر فورم پر اٹھائے گی۔ انہوں نے کہا کہ بھارت کشمیری عوام کے حق خودارادیت کو تسلیم کرے اور اقوام متحدہ کی قراردادوں پر عمل درآمد کرایا جائے۔ ملک بھر میں ترقیاتی منصوبوں پر کام جاری ہے اور عوام کو بنیادی سہولیات کی فراہمی حکومت کی اولین ترجیح ہے۔ اجلاس میں وزراء اور اعلیٰ حکام نے شرکت کی اور مختلف امور پر تفصیلی غور کیا گیا۔
اسلام آباد وزیر اعظم نے کہا ہے کہ پاکستان اور کشمیر کے عوام کے درمیان رشتہ مضبوط ہے اور حکومت اس مسئلے کو ہر فورم پر اٹھائے گی۔ انہوں نے کہا کہ بھارت کشمیری عوام کے حق خودارادیت کو تسلیم کرے اور اقوام متحدہ کی قراردادوں پر عمل درآمد کرایا جائے۔ ملک بھر میں ترقیاتی منصوبوں پر کام جاری ہے اور عوام کو بنیادی سہولیات کی فراہمی حکومت کی اولین ترجیح ہے۔ اجلاس میں وزراء اور اعلیٰ حکام نے شرکت کی اور مختلف امور پر تفصیلی غور کیا گیا۔
اسلام آباد وزیر اعظم نے کہا ہے کہ پاکستان اور کشمیر کے عوام کے درمیان رشتہ مضبوط ہے اور حکومت اس مسئلے کو ہر فورم پر اٹھائے گی۔ انہوں نے کہا کہ بھارت کشمیری عوام کے حق خودارادیت کو تسلیم کرے اور اقوام متحدہ کی قراردادوں پر عمل درآمد کرایا جائے۔ ملک بھر میں ترقیاتی منصوبوں پر کام جاری ہے اور عوام کو بنیادی سہولیات کی فراہمی حکومت کی اولین ترجیح ہے۔ اجلاس میں وزراء اور اعلیٰ حکام نے شرکت کی اور مختلف امور پر تفصیلی غور کیا گیا۔
اسلام آباد وزیر اعظم نے کہا ہے کہ پاکستان اور کشمیر کے عوام کے درمیان رشتہ مضبوط ہے اور حکومت اس مسئلے کو ہر فورم پر اٹھائے گی۔ انہوں نے کہا کہ بھارت کشمیری عوام کے حق خودارادیت کو تسلیم کرے اور اقوام متحدہ کی قراردادوں پر عمل درآمد کرایا جائے۔ ملک بھر میں ترقیاتی منصوبوں پر کام جاری ہے اور عوام کو بنیادی سہولیات کی فراہمی حکومت کی اولین ترجیح ہے۔ اجلاس میں وزراء اور اعلیٰ حکام نے شرکت کی اور مختلف امور پر تفصیلی غور کیا گیا۔
اسلام آباد وزیر اعظم نے کہا ہے کہ پاکستان اور کشمیر کے عوام کے درمیان رشتہ مضبوط ہے اور حکومت اس مسئلے کو ہر فورم پر اٹھائے گی۔ انہوں نے کہا کہ بھارت کشمیری عوام کے حق خودارادیت کو تسلیم کرے اور اقوام متحدہ کی قراردادوں پر عمل درآمد کرایا جائے۔ ملک بھر میں ترقیاتی منصوبوں پر کام جاری ہے اور عوام کو بنیادی سہولیات کی فراہمی حکومت کی اولین ترجیح ہے۔ اجلاس میں وزراء اور اعلیٰ حکام نے شرکت کی اور مختلف امور پر تفصیلی غور کیا گیا۔
40
اسلام آباد وزیر اعظم نے کہا ہے کہ پاکستان اور کشمیر کے عوام کے درمیان رشتہ مضبوط ہے اور حکومت اس مسئلے کو ہر فورم پر اٹھائے گی۔ انہوں نے کہا کہ بھارت کشمیری عوام کے حق خودارادیت کو تسلیم کرے اور اقوام متحدہ کی قراردادوں پر عمل درآمد کرایا جائے۔ ملک بھر میں ترقیاتی منصوبوں پر کام جاری ہے اور عوام کو بنیادی سہولیات کی فراہمی حکومت کی اولین ترجیح ہے۔ اجلاس میں وزراء اور اعلیٰ حکام نے شرکت کی اور مختلف امور پر تفصیلی غور کیا گیا۔
اسلام آباد وزیر اعظم نے کہا ہے کہ پاکستان اور کشمیر کے عوام کے درمیان رشتہ مضبوط ہے اور حکومت اس مسئلے کو ہر فورم پر اٹھائے گی۔ انہوں نے کہا کہ بھارت کشمیری عوام کے حق خودارادیت کو تسلیم کرے اور اقوام متحدہ کی قراردادوں پر عمل درآمد کرایا جائے۔ ملک بھر میں ترقیاتی منصوبوں پر کام جاری ہے اور عوام کو بنیادی سہولیات کی فراہمی حکومت کی اولین ترجیح ہے۔ اجلاس میں وزراء اور اعلیٰ حکام نے شرکت کی اور مختلف امور پر تفصیلی غور کیا گیا۔
اسلام آباد وزیر اعظم نے کہا ہے کہ پاکستان اور کشمیر کے عوام کے درمیان رشتہ مضبوط ہے اور حکومت اس مسئلے کو ہر فورم پر اٹھائے گی۔ انہوں نے کہا کہ بھارت کشمیری عوام کے حق خودارادیت کو تسلیم کرے اور اقوام متحدہ کی قراردادوں پر عمل درآمد کرایا جائے۔ ملک بھر میں ترقیاتی منصوبوں پر کام جاری ہے اور عوام کو بنیادی سہولیات کی فراہمی حکومت کی اولین ترجیح ہے۔ اجلاس میں وزراء اور اعلیٰ حکام نے شرکت کی اور مختلف امور پر تفصیلی غور کیا گیا۔
1
اسلام آباد وزیر اعظم نے کہا ہے کہ پاکستان اور کشمیر کے عوام کے درمیان رشتہ مضبوط ہے اور حکومت اس مسئلے کو ہر فورم پر اٹھائے گی۔ انہوں نے کہا کہ بھارت کشمیری عوام کے حق خودارادیت کو تسلیم کرے اور اقوام متحدہ کی قراردادوں پر عمل درآمد کرایا جائے۔ ملک بھر میں ترقیاتی منصوبوں پر کام جاری ہے اور عوام کو بنیادی سہولیات کی فراہمی حکومت کی اولین ترجیح ہے۔ اجلاس میں وزراء اور اعلیٰ حکام نے شرکت کی اور مختلف امور پر تفصیلی غور کیا گیا۔
اسلام آباد وزیر اعظم نے کہا ہے کہ پاکستان اور کشمیر کے عوام کے درمیان رشتہ مضبوط ہے اور حکومت اس مسئلے کو ہر فورم پر اٹھائے گی۔ انہوں نے کہا کہ بھارت کشمیری عوام کے حق خودارادیت کو تسلیم کرے اور اقوام متحدہ کی قراردادوں پر عمل درآمد کرایا جائے۔ ملک بھر میں ترقیاتی منصوبوں پر کام جاری ہے اور عوام کو بنیادی سہولیات کی فراہمی حکومت کی اولین ترجیح ہے۔ اجلاس میں وزراء اور اعلیٰ حکام نے شرکت کی اور مختلف امور پر تفصیلی غور کیا گیا۔
اسلام آباد وزیر اعظم نے کہا ہے کہ پاکستان اور کشمیر کے عوام کے درمیان رشتہ مضبوط ہے اور حکومت اس مسئلے کو ہر فورم پر اٹھائے گی۔ انہوں نے کہا کہ بھارت کشمیری عوام کے حق خودارادیت کو تسلیم کرے اور اقوام متحدہ کی قراردادوں پر عمل درآمد کرایا جائے۔ ملک بھر میں ترقیاتی منصوبوں پر کام جاری ہے اور عوام کو بنیادی سہولیات کی فراہمی حکومت کی اولین ترجیح ہے۔ اجلاس میں وزراء اور اعلیٰ حکام نے شرکت کی اور مختلف امور پر تفصیلی غور کیا گیا۔
اسلام آباد وزیر اعظم نے کہا ہے کہ پاکستان اور کشمیر کے عوام کے درمیان رشتہ مضبوط ہے اور حکومت اس مسئلے کو ہر فورم پر اٹھائے گی۔ انہوں نے کہا کہ بھارت کشمیری عوام کے حق خودارادیت کو تسلیم کرے اور اقوام متحدہ کی قراردادوں پر عمل درآمد کرایا جائے۔ ملک بھر میں ترقیاتی منصوبوں پر کام جاری ہے اور عوام کو بنیادی سہولیات کی فراہمی حکومت کی اولین ترجیح ہے۔ اجلاس میں وزراء اور اعلیٰ حکام نے شرکت کی اور مختلف امور پر تفصیلی غور کیا گیا۔
4
اسلام آباد وزیر اعظم نے کہا ہے کہ پاکستان اور کشمیر کے عوام کے درمیان رشتہ مضبوط ہے اور حکومت اس مسئلے کو ہر فورم پر اٹھائے گی۔ انہوں نے کہا کہ بھارت کشمیری عوام کے حق خودارادیت کو تسلیم کرے اور اقوام متحدہ کی قراردادوں پر عمل درآمد کرایا جائے۔ ملک بھر میں ترقیاتی منصوبوں پر کام جاری ہے اور عوام کو بنیادی سہولیات کی فراہمی حکومت کی اولین ترجیح ہے۔ اجلاس میں وزراء اور اعلیٰ حکام نے شرکت کی اور مختلف امور پر تفصیلی غور کیا گیا۔
اسلام آباد وزیر اعظم نے کہا ہے کہ پاکستان اور کشمیر کے عوام کے درمیان رشتہ مضبوط ہے اور حکومت اس مسئلے کو ہر فورم پر اٹھائے گی۔ انہوں نے کہا کہ بھارت کشمیری عوام کے حق خودارادیت کو تسلیم کرے اور اقوام متحدہ کی قراردادوں پر عمل درآمد کرایا جائے۔ ملک بھر میں ترقیاتی منصوبوں پر کام جاری ہے اور عوام کو بنیادی سہولیات کی فراہمی حکومت کی اولین ترجیح ہے۔ اجلاس میں وزراء اور اعلیٰ حکام نے شرکت کی اور مختلف امور پر تفصیلی غور کیا گیا۔
اسلام آباد وزیر اعظم نے کہا ہے کہ پاکستان اور کشمیر کے عوام کے درمیان رشتہ مضبوط ہے اور حکومت اس مسئلے کو ہر فورم پر اٹھائے گی۔ انہوں نے کہا کہ بھارت کشمیری عوام کے حق خودارادیت کو تسلیم کرے اور اقوام متحدہ کی قراردادوں پر عمل درآمد کرایا جائے۔ ملک بھر میں ترقیاتی منصوبوں پر کام جاری ہے اور عوام کو بنیادی سہولیات کی فراہمی حکومت کی اولین ترجیح ہے۔ اجلاس میں وزراء اور اعلیٰ حکام نے شرکت کی اور مختلف امور پر تفصیلی غور کیا گیا۔
اسلام آباد وزیر اعظم نے کہا ہے کہ پاکستان اور کشمیر کے عوام کے درمیان رشتہ مضبوط ہے اور حکومت اس مسئلے کو ہر فورم پر اٹھائے گی۔ انہوں نے کہا کہ بھارت کشمیری عوام کے حق خودارادیت کو تسلیم کرے اور اقوام متحدہ کی قراردادوں پر عمل درآمد کرایا جائے۔ ملک بھر میں ترقیاتی منصوبوں پر کام جاری ہے اور عوام کو بنیادی سہولیات کی فراہمی حکومت کی اولین ترجیح ہے۔ اجلاس میں وزراء اور اعلیٰ حکام نے شرکت کی اور مختلف امور پر تفصیلی غور کیا گیا۔
اسلام آباد وزیر اعظم نے کہا ہے کہ پاکستان اور کشمیر کے عوام کے درمیان رشتہ مضبوط ہے اور حکومت اس مسئلے کو ہر فورم پر اٹھائے گی۔ انہوں نے کہا کہ بھارت کشمیری عوام کے حق خودارادیت کو تسلیم کرے اور اقوام متحدہ کی قراردادوں پر عمل درآمد کرایا جائے۔ ملک بھر میں ترقیاتی منصوبوں پر کام جاری ہے اور عوام کو بنیادی سہولیات کی فراہمی حکومت کی اولین ترجیح ہے۔ اجلاس میں وزراء اور اعلیٰ حکام نے شرکت کی اور مختلف امور پر تفصیلی غور کیا گیا۔
5
اسلام آباد وزیر اعظم نے کہا ہے کہ پاکستان اور کشمیر کے عوام کے درمیان رشتہ مضبوط ہے اور حکومت اس مسئلے کو ہر فورم پر اٹھائے گی۔ انہوں نے کہا کہ بھارت کشمیری عوام کے حق خودارادیت کو تسلیم کرے اور اقوام متحدہ کی قراردادوں پر عمل درآمد کرایا جائے۔ ملک بھر میں ترقیاتی منصوبوں پر کام جاری ہے اور عوام کو بنیادی سہولیات کی فراہمی حکومت کی اولین ترجیح ہے۔ اجلاس میں وزراء اور اعلیٰ حکام نے شرکت کی اور مختلف امور پر تفصیلی غور کیا گیا۔
اسلام آباد وزیر اعظم نے کہا ہے کہ پاکستان اور کشمیر کے عوام کے درمیان رشتہ مضبوط ہے اور حکومت اس مسئلے کو ہر فورم پر اٹھائے گی۔ انہوں نے کہا کہ بھارت کشمیری عوام کے حق خودارادیت کو تسلیم کرے اور اقوام متحدہ کی قراردادوں پر عمل درآمد کرایا جائے۔ ملک بھر میں ترقیاتی منصوبوں پر کام جاری ہے اور عوام کو بنیادی سہولیات کی فراہمی حکومت کی اولین ترجیح ہے۔ اجلاس میں وزراء اور اعلیٰ حکام نے شرکت کی اور مختلف امور پر تفصیلی غور کیا گیا۔
اسلام آباد وزیر اعظم نے کہا ہے کہ پاکستان اور کشمیر کے عوام کے درمیان رشتہ مضبوط ہے اور حکومت اس مسئلے کو ہر فورم پر اٹھائے گی۔ انہوں نے کہا کہ بھارت کشمیری عوام کے حق خودارادیت کو تسلیم کرے اور اقوام متحدہ کی قراردادوں پر عمل درآمد کرایا جائے۔ ملک بھر میں ترقیاتی منصوبوں پر کام جاری ہے اور عوام کو بنیادی سہولیات کی فراہمی حکومت کی اولین ترجیح ہے۔ اجلاس میں وزراء اور اعلیٰ حکام نے شرکت کی اور مختلف امور پر تفصیلی غور کیا گیا۔
6
اسلام آباد وزیر اعظم نے کہا ہے کہ پاکستان اور کشمیر کے عوام کے درمیان رشتہ مضبوط ہے اور حکومت اس مسئلے کو ہر فورم پر اٹھائے گی۔ انہوں نے کہا کہ بھارت کشمیری عوام کے حق خودارادیت کو تسلیم کرے اور اقوام متحدہ کی قراردادوں پر عمل درآمد کرایا جائے۔ ملک بھر میں ترقیاتی منصوبوں پر کام جاری ہے اور عوام کو بنیادی سہولیات کی فراہمی حکومت کی اولین ترجیح ہے۔ اجلاس میں وزراء اور اعلیٰ حکام نے شرکت کی اور مختلف امور پر تفصیلی غور کیا گیا۔
اسلام آباد وزیر اعظم نے کہا ہے کہ پاکستان اور کشمیر کے عوام کے درمیان رشتہ مضبوط ہے اور حکومت اس مسئلے کو ہر فورم پر اٹھائے گی۔ انہوں نے کہا کہ بھارت کشمیری عوام کے حق خودارادیت کو تسلیم کرے اور اقوام متحدہ کی قراردادوں پر عمل درآمد کرایا جائے۔ ملک بھر میں ترقیاتی منصوبوں پر کام جاری ہے اور عوام کو بنیادی سہولیات کی فراہمی حکومت کی اولین ترجیح ہے۔ اجلاس میں وزراء اور اعلیٰ حکام نے شرکت کی اور مختلف امور پر تفصیلی غور کیا گیا۔
اسلام آباد وزیر اعظم نے کہا ہے کہ پاکستان اور کشمیر کے عوام کے درمیان رشتہ مضبوط ہے اور حکومت اس مسئلے کو ہر فورم پر اٹھائے گی۔ انہوں نے کہا کہ بھارت کشمیری عوام کے حق خودارادیت کو تسلیم کرے اور اقوام متحدہ کی قراردادوں پر عمل درآمد کرایا جائے۔ ملک بھر میں ترقیاتی منصوبوں پر کام جاری ہے اور عوام کو بنیادی سہولیات کی فراہمی حکومت کی اولین ترجیح ہے۔ اجلاس میں وزراء اور اعلیٰ حکام نے شرکت کی اور مختلف امور پر تفصیلی غور کیا گیا۔
اسلام آباد وزیر اعظم نے کہا ہے کہ پاکستان اور کشمیر کے عوام کے درمیان رشتہ مضبوط ہے اور حکومت اس مسئلے کو ہر فورم پر اٹھائے گی۔ انہوں نے کہا کہ بھارت کشمیری عوام کے حق خودارادیت کو تسلیم کرے اور اقوام متحدہ کی قراردادوں پر عمل درآمد کرایا جائے۔ ملک بھر میں ترقیاتی منصوبوں پر کام جاری ہے اور عوام کو بنیادی سہولیات کی فراہمی حکومت کی اولین ترجیح ہے۔ اجلاس میں وزراء اور اعلیٰ حکام نے شرکت کی اور مختلف امور پر تفصیلی غور کیا گیا۔
2
اسلام آباد وزیر اعظم نے کہا ہے کہ پاکستان اور کشمیر کے عوام کے درمیان رشتہ مضبوط ہے اور حکومت اس مسئلے کو ہر فورم پر اٹھائے گی۔ انہوں نے کہا کہ بھارت کشمیری عوام کے حق خودارادیت کو تسلیم کرے اور اقوام متحدہ کی قراردادوں پر عمل درآمد کرایا جائے۔ ملک بھر میں ترقیاتی منصوبوں پر کام جاری ہے اور عوام کو بنیادی سہولیات کی فراہمی حکومت کی اولین ترجیح ہے۔ اجلاس میں وزراء اور اعلیٰ حکام نے شرکت کی اور مختلف امور پر تفصیلی غور کیا گیا۔
اسلام آباد وزیر اعظم نے کہا ہے کہ پاکستان اور کشمیر کے عوام کے درمیان رشتہ مضبوط ہے اور حکومت اس مسئلے کو ہر فورم پر اٹھائے گی۔ انہوں نے کہا کہ بھارت کشمیری عوام کے حق خودارادیت کو تسلیم کرے اور اقوام متحدہ کی قراردادوں پر عمل درآمد کرایا جائے۔ ملک بھر میں ترقیاتی منصوبوں پر کام جاری ہے اور عوام کو بنیادی سہولیات کی فراہمی حکومت کی اولین ترجیح ہے۔ اجلاس میں وزراء اور اعلیٰ حکام نے شرکت کی اور مختلف امور پر تفصیلی غور کیا گیا۔
اسلام آباد وزیر اعظم نے کہا ہے کہ پاکستان اور کشمیر کے عوام کے درمیان رشتہ مضبوط ہے اور حکومت اس مسئلے کو ہر فورم پر اٹھائے گی۔ انہوں نے کہا کہ بھارت کشمیری عوام کے حق خودارادیت کو تسلیم کرے اور اقوام متحدہ کی قراردادوں پر عمل درآمد کرایا جائے۔ ملک بھر میں ترقیاتی منصوبوں پر کام جاری ہے اور عوام کو بنیادی سہولیات کی فراہمی حکومت کی اولین ترجیح ہے۔ اجلاس میں وزراء اور اعلیٰ حکام نے شرکت کی اور مختلف امور پر تفصیلی غور کیا گیا۔
اسلام آباد وزیر اعظم نے کہا ہے کہ پاکستان اور کشمیر کے عوام کے درمیان رشتہ مضبوط ہے اور حکومت اس مسئلے کو ہر فورم پر اٹھائے گی۔ انہوں نے کہا کہ بھارت کشمیری عوام کے حق خودارادیت کو تسلیم کرے اور اقوام متحدہ کی قراردادوں پر عمل درآمد کرایا جائے۔ ملک بھر میں ترقیاتی منصوبوں پر کام جاری ہے اور عوام کو بنیادی سہولیات کی فراہمی حکومت کی اولین ترجیح ہے۔ اجلاس میں وزراء اور اعلیٰ حکام نے شرکت کی اور مختلف امور پر تفصیلی غور کیا گیا۔
اسلام آباد وزیر اعظم نے کہا ہے کہ پاکستان اور کشمیر کے عوام کے درمیان رشتہ مضبوط ہے اور حکومت اس مسئلے کو ہر فورم پر اٹھائے گی۔ انہوں نے کہا کہ بھارت کشمیری عوام کے حق خودارادیت کو تسلیم کرے اور اقوام متحدہ کی قراردادوں پر عمل درآمد کرایا جائے۔ ملک بھر میں ترقیاتی منصوبوں پر کام جاری ہے اور عوام کو بنیادی سہولیات کی فراہمی حکومت کی اولین ترجیح ہے۔ اجلاس میں وزراء اور اعلیٰ حکام نے شرکت کی اور مختلف امور پر تفصیلی غور کیا گیا۔
3
اسلام آباد وزیر اعظم نے کہا ہے کہ پاکستان اور کشمیر کے عوام کے درمیان رشتہ مضبوط ہے اور حکومت اس مسئلے کو ہر فورم پر اٹھائے گی۔ انہوں نے کہا کہ بھارت کشمیری عوام کے حق خودارادیت کو تسلیم کرے اور اقوام متحدہ کی قراردادوں پر عمل درآمد کرایا جائے۔ ملک بھر میں ترقیاتی منصوبوں پر کام جاری ہے اور عوام کو بنیادی سہولیات کی فراہمی حکومت کی اولین ترجیح ہے۔ اجلاس میں وزراء اور اعلیٰ حکام نے شرکت کی اور مختلف امور پر تفصیلی غور کیا گیا۔
اسلام آباد وزیر اعظم نے کہا ہے کہ پاکستان اور کشمیر کے عوام کے درمیان رشتہ مضبوط ہے اور حکومت اس مسئلے کو ہر فورم پر اٹھائے گی۔ انہوں نے کہا کہ بھارت کشمیری عوام کے حق خودارادیت کو تسلیم کرے اور اقوام متحدہ کی قراردادوں پر عمل درآمد کرایا جائے۔ ملک بھر میں ترقیاتی منصوبوں پر کام جاری ہے اور عوام کو بنیادی سہولیات کی فراہمی حکومت کی اولین ترجیح ہے۔ اجلاس میں وزراء اور اعلیٰ حکام نے شرکت کی اور مختلف امور پر تفصیلی غور کیا گیا۔
اسلام آباد وزیر اعظم نے کہا ہے کہ پاکستان اور کشمیر کے عوام کے درمیان رشتہ مضبوط ہے اور حکومت اس مسئلے کو ہر فورم پر اٹھائے گی۔ انہوں نے کہا کہ بھارت کشمیری عوام کے حق خودارادیت کو تسلیم کرے اور اقوام متحدہ کی قراردادوں پر عمل درآمد کرایا جائے۔ ملک بھر میں ترقیاتی منصوبوں پر کام جاری ہے اور عوام کو بنیادی سہولیات کی فراہمی حکومت کی اولین ترجیح ہے۔ اجلاس میں وزراء اور اعلیٰ حکام نے شرکت کی اور مختلف امور پر تفصیلی غور کیا گیا۔
7
اسلام آباد وزیر اعظم نے کہا ہے کہ پاکستان اور کشمیر کے عوام کے درمیان رشتہ مضبوط ہے اور حکومت اس مسئلے کو ہر فورم پر اٹھائے گی۔ انہوں نے کہا کہ بھارت کشمیری عوام کے حق خودارادیت کو تسلیم کرے اور اقوام متحدہ کی قراردادوں پر عمل درآمد کرایا جائے۔ ملک بھر میں ترقیاتی منصوبوں پر کام جاری ہے اور عوام کو بنیادی سہولیات کی فراہمی حکومت کی اولین ترجیح ہے۔ اجلاس میں وزراء اور اعلیٰ حکام نے شرکت کی اور مختلف امور پر تفصیلی غور کیا گیا۔
اسلام آباد وزیر اعظم نے کہا ہے کہ پاکستان اور کشمیر کے عوام کے درمیان رشتہ مضبوط ہے اور حکومت اس مسئلے کو ہر فورم پر اٹھائے گی۔ انہوں نے کہا کہ بھارت کشمیری عوام کے حق خودارادیت کو تسلیم کرے اور اقوام متحدہ کی قراردادوں پر عمل درآمد کرایا جائے۔ ملک بھر میں ترقیاتی منصوبوں پر کام جاری ہے اور عوام کو بنیادی سہولیات کی فراہمی حکومت کی اولین ترجیح ہے۔ اجلاس میں وزراء اور اعلیٰ حکام نے شرکت کی اور مختلف امور پر تفصیلی غور کیا گیا۔
اسلام آباد وزیر اعظم نے کہا ہے کہ پاکستان اور کشمیر کے عوام کے درمیان رشتہ مضبوط ہے اور حکومت اس مسئلے کو ہر فورم پر اٹھائے گی۔ انہوں نے کہا کہ بھارت کشمیری عوام کے حق خودارادیت کو تسلیم کرے اور اقوام متحدہ کی قراردادوں پر عمل درآمد کرایا جائے۔ ملک بھر میں ترقیاتی منصوبوں پر کام جاری ہے اور عوام کو بنیادی سہولیات کی فراہمی حکومت کی اولین ترجیح ہے۔ اجلاس میں وزراء اور اعلیٰ حکام نے شرکت کی اور مختلف امور پر تفصیلی غور کیا گیا۔
اسلام آباد وزیر اعظم نے کہا ہے کہ پاکستان اور کشمیر کے عوام کے درمیان رشتہ مضبوط ہے اور حکومت اس مسئلے کو ہر فورم پر اٹھائے گی۔ انہوں نے کہا کہ بھارت کشمیری عوام کے حق خودارادیت کو تسلیم کرے اور اقوام متحدہ کی قراردادوں پر عمل درآمد کرایا جائے۔ ملک بھر میں ترقیاتی منصوبوں پر کام جاری ہے اور عوام کو بنیادی سہولیات کی فراہمی حکومت کی اولین ترجیح ہے۔ اجلاس میں وزراء اور اعلیٰ حکام نے شرکت کی اور مختلف امور پر تفصیلی غور کیا گیا۔
